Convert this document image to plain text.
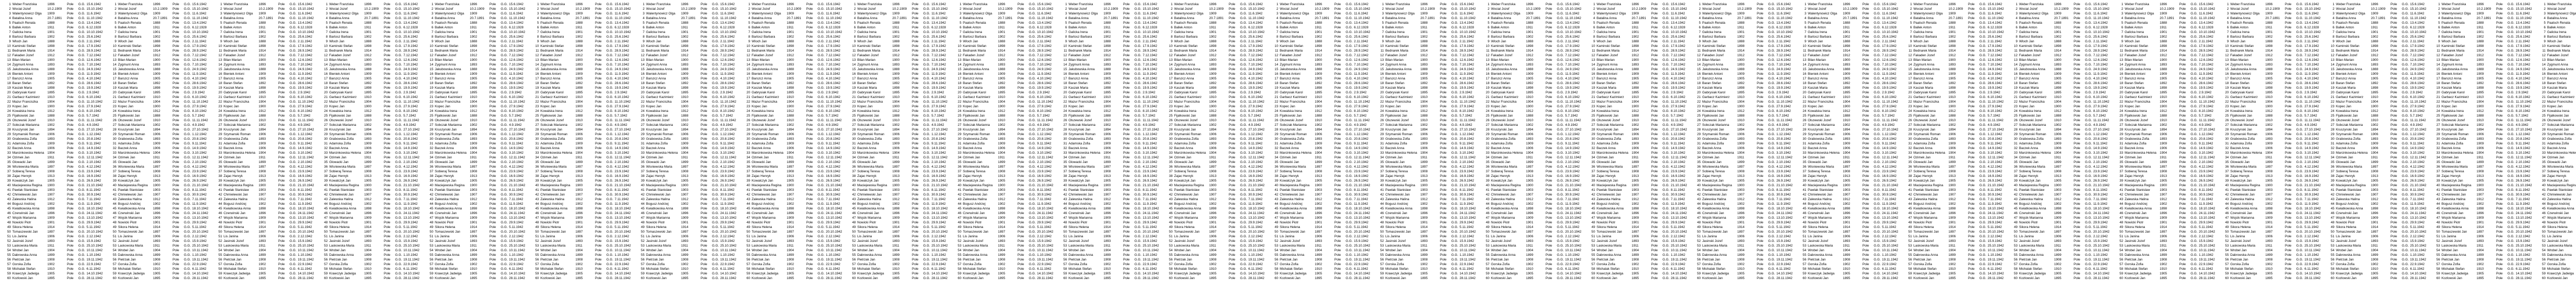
1 Weber Franziska	1896	Pole	G.G. 15.6.1942
2 Wocial Jozef	10.2.1909	Pole	G.G. 15.10.1942
3 Walentynowicz Olga	1909	Pole	G.G. 11.6.1942
4 Batalina Anna	20.7.1891	Pole	G.G. 11.10.1942
5 Paatsch Renata	1888	Pole	G.G. 13.4.1942
6 Ballek Anton	1911	Pole	G.G. 6.12.1928
7 Galicka Irena	1901	Pole	G.G. 10.10.1942
8 Bartosz Barbara	1902	Pole	G.G. 25.6.1942
9 Wloch Jan	1888	Pole	G.G. 2.11.1942
10 Kaminski Stefan	1898	Pole	G.G. 17.9.1942
11 Bednarek Maria	1914	Pole	G.G. 28.9.1942
12 Fakaden Jozef	1912	Pole	G.G. 7.12.1942
13 Bilan Marian	1900	Pole	G.G. 12.6.1942
14 Zygmunt Anna	1893	Pole	G.G. 7.10.1942
15 Jakubowska Anna	1888	Pole	G.G. 24.9.1942
16 Bieniek Antoni	1909	Pole	G.G. 11.9.1942
17 Barszcz Anna	1905	Pole	G.G. 4.10.1942
18 Baran Stefan	1892	Pole	G.G. 28.6.1942
19 Kaszak Maria	1898	Pole	G.G. 19.9.1942
20 Gabrysiak Karol	1895	Pole	G.G. 2.9.1942
21 Garbacz Kazimierz	1910	Pole	G.G. 6.10.1942
22 Mazur Franciszka	1904	Pole	G.G. 11.10.1942
23 Kopec Jan	1900	Pole	G.G. 27.9.1942
24 Kowalska Irena	1912	Pole	G.G. 8.10.1942
25 Fijalkowski Jan	1888	Pole	G.G. 5.7.1942
26 Olszewski Jozef	1910	Pole	G.G. 11.11.1942
27 Sobczak Marianna	1902	Pole	G.G. 4.9.1942
28 Kruszynski Jan	1894	Pole	G.G. 27.10.1942
29 Szymanski Roman	1906	Pole	G.G. 1.12.1942
30 Grabowska Zofia	1893	Pole	G.G. 20.8.1942
31 Adamska Zofia	1909	Pole	G.G. 9.11.1942
32 Baczek Anna	1906	Pole	G.G. 14.9.1942
33 Marcinkowska Helena	1904	Pole	G.G. 3.10.1942
34 Ozimek Jan	1911	Pole	G.G. 12.11.1942
35 Glowacki Jan	1899	Pole	G.G. 2.10.1942
36 Wisniewska Maria	1897	Pole	G.G. 4.12.1942
37 Sobieraj Teresa	1908	Pole	G.G. 23.9.1942
38 Zajac Henryk	1913	Pole	G.G. 16.9.1942
39 Kowalczyk Jan	1905	Pole	G.G. 26.9.1942
40 Maciejewska Regina	1900	Pole	G.G. 21.10.1942
41 Pawlak Stanislaw	1903	Pole	G.G. 8.11.1942
42 Chmielewski Jan	1907	Pole	G.G. 30.9.1942
43 Zalewska Halina	1912	Pole	G.G. 7.11.1942
44 Bogusz Andrzej	1902	Pole	G.G. 11.9.1942
45 Kwiatkowska Anna	1898	Pole	G.G. 18.10.1942
46 Czerwinski Jan	1896	Pole	G.G. 24.11.1942
47 Wojcik Marianna	1909	Pole	G.G. 13.10.1942
48 Nowicki Piotr	1901	Pole	G.G. 29.9.1942
49 Sikora Helena	1914	Pole	G.G. 5.11.1942
50 Tomaszewski Jan	1897	Pole	G.G. 20.10.1942
51 Lis Janina	1906	Pole	G.G. 2.12.1942
52 Jasinski Jozef	1893	Pole	G.G. 15.9.1942
53 Laskowska Maria	1911	Pole	G.G. 25.10.1942
54 Wrobel Jan	1904	Pole	G.G. 10.11.1942
55 Dabrowska Anna	1899	Pole	G.G. 1.10.1942
56 Pietrzak Jan	1908	Pole	G.G. 19.11.1942
57 Gorska Zofia	1902	Pole	G.G. 22.9.1942
58 Michalak Stefan	1910	Pole	G.G. 6.11.1942
59 Krawczyk Jadwiga	1905	Pole	G.G. 14.10.1942
60 Kozlowski Jan	1895	Pole	G.G. 28.11.1942
1 Weber Franziska	1896	Pole	G.G. 15.6.1942
2 Wocial Jozef	10.2.1909	Pole	G.G. 15.10.1942
3 Walentynowicz Olga	1909	Pole	G.G. 11.6.1942
4 Batalina Anna	20.7.1891	Pole	G.G. 11.10.1942
5 Paatsch Renata	1888	Pole	G.G. 13.4.1942
6 Ballek Anton	1911	Pole	G.G. 6.12.1928
7 Galicka Irena	1901	Pole	G.G. 10.10.1942
8 Bartosz Barbara	1902	Pole	G.G. 25.6.1942
9 Wloch Jan	1888	Pole	G.G. 2.11.1942
10 Kaminski Stefan	1898	Pole	G.G. 17.9.1942
11 Bednarek Maria	1914	Pole	G.G. 28.9.1942
12 Fakaden Jozef	1912	Pole	G.G. 7.12.1942
13 Bilan Marian	1900	Pole	G.G. 12.6.1942
14 Zygmunt Anna	1893	Pole	G.G. 7.10.1942
15 Jakubowska Anna	1888	Pole	G.G. 24.9.1942
16 Bieniek Antoni	1909	Pole	G.G. 11.9.1942
17 Barszcz Anna	1905	Pole	G.G. 4.10.1942
18 Baran Stefan	1892	Pole	G.G. 28.6.1942
19 Kaszak Maria	1898	Pole	G.G. 19.9.1942
20 Gabrysiak Karol	1895	Pole	G.G. 2.9.1942
21 Garbacz Kazimierz	1910	Pole	G.G. 6.10.1942
22 Mazur Franciszka	1904	Pole	G.G. 11.10.1942
23 Kopec Jan	1900	Pole	G.G. 27.9.1942
24 Kowalska Irena	1912	Pole	G.G. 8.10.1942
25 Fijalkowski Jan	1888	Pole	G.G. 5.7.1942
26 Olszewski Jozef	1910	Pole	G.G. 11.11.1942
27 Sobczak Marianna	1902	Pole	G.G. 4.9.1942
28 Kruszynski Jan	1894	Pole	G.G. 27.10.1942
29 Szymanski Roman	1906	Pole	G.G. 1.12.1942
30 Grabowska Zofia	1893	Pole	G.G. 20.8.1942
31 Adamska Zofia	1909	Pole	G.G. 9.11.1942
32 Baczek Anna	1906	Pole	G.G. 14.9.1942
33 Marcinkowska Helena	1904	Pole	G.G. 3.10.1942
34 Ozimek Jan	1911	Pole	G.G. 12.11.1942
35 Glowacki Jan	1899	Pole	G.G. 2.10.1942
36 Wisniewska Maria	1897	Pole	G.G. 4.12.1942
37 Sobieraj Teresa	1908	Pole	G.G. 23.9.1942
38 Zajac Henryk	1913	Pole	G.G. 16.9.1942
39 Kowalczyk Jan	1905	Pole	G.G. 26.9.1942
40 Maciejewska Regina	1900	Pole	G.G. 21.10.1942
41 Pawlak Stanislaw	1903	Pole	G.G. 8.11.1942
42 Chmielewski Jan	1907	Pole	G.G. 30.9.1942
43 Zalewska Halina	1912	Pole	G.G. 7.11.1942
44 Bogusz Andrzej	1902	Pole	G.G. 11.9.1942
45 Kwiatkowska Anna	1898	Pole	G.G. 18.10.1942
46 Czerwinski Jan	1896	Pole	G.G. 24.11.1942
47 Wojcik Marianna	1909	Pole	G.G. 13.10.1942
48 Nowicki Piotr	1901	Pole	G.G. 29.9.1942
49 Sikora Helena	1914	Pole	G.G. 5.11.1942
50 Tomaszewski Jan	1897	Pole	G.G. 20.10.1942
51 Lis Janina	1906	Pole	G.G. 2.12.1942
52 Jasinski Jozef	1893	Pole	G.G. 15.9.1942
53 Laskowska Maria	1911	Pole	G.G. 25.10.1942
54 Wrobel Jan	1904	Pole	G.G. 10.11.1942
55 Dabrowska Anna	1899	Pole	G.G. 1.10.1942
56 Pietrzak Jan	1908	Pole	G.G. 19.11.1942
57 Gorska Zofia	1902	Pole	G.G. 22.9.1942
58 Michalak Stefan	1910	Pole	G.G. 6.11.1942
59 Krawczyk Jadwiga	1905	Pole	G.G. 14.10.1942
60 Kozlowski Jan	1895	Pole	G.G. 28.11.1942
1 Weber Franziska	1896	Pole	G.G. 15.6.1942
2 Wocial Jozef	10.2.1909	Pole	G.G. 15.10.1942
3 Walentynowicz Olga	1909	Pole	G.G. 11.6.1942
4 Batalina Anna	20.7.1891	Pole	G.G. 11.10.1942
5 Paatsch Renata	1888	Pole	G.G. 13.4.1942
6 Ballek Anton	1911	Pole	G.G. 6.12.1928
7 Galicka Irena	1901	Pole	G.G. 10.10.1942
8 Bartosz Barbara	1902	Pole	G.G. 25.6.1942
9 Wloch Jan	1888	Pole	G.G. 2.11.1942
10 Kaminski Stefan	1898	Pole	G.G. 17.9.1942
11 Bednarek Maria	1914	Pole	G.G. 28.9.1942
12 Fakaden Jozef	1912	Pole	G.G. 7.12.1942
13 Bilan Marian	1900	Pole	G.G. 12.6.1942
14 Zygmunt Anna	1893	Pole	G.G. 7.10.1942
15 Jakubowska Anna	1888	Pole	G.G. 24.9.1942
16 Bieniek Antoni	1909	Pole	G.G. 11.9.1942
17 Barszcz Anna	1905	Pole	G.G. 4.10.1942
18 Baran Stefan	1892	Pole	G.G. 28.6.1942
19 Kaszak Maria	1898	Pole	G.G. 19.9.1942
20 Gabrysiak Karol	1895	Pole	G.G. 2.9.1942
21 Garbacz Kazimierz	1910	Pole	G.G. 6.10.1942
22 Mazur Franciszka	1904	Pole	G.G. 11.10.1942
23 Kopec Jan	1900	Pole	G.G. 27.9.1942
24 Kowalska Irena	1912	Pole	G.G. 8.10.1942
25 Fijalkowski Jan	1888	Pole	G.G. 5.7.1942
26 Olszewski Jozef	1910	Pole	G.G. 11.11.1942
27 Sobczak Marianna	1902	Pole	G.G. 4.9.1942
28 Kruszynski Jan	1894	Pole	G.G. 27.10.1942
29 Szymanski Roman	1906	Pole	G.G. 1.12.1942
30 Grabowska Zofia	1893	Pole	G.G. 20.8.1942
31 Adamska Zofia	1909	Pole	G.G. 9.11.1942
32 Baczek Anna	1906	Pole	G.G. 14.9.1942
33 Marcinkowska Helena	1904	Pole	G.G. 3.10.1942
34 Ozimek Jan	1911	Pole	G.G. 12.11.1942
35 Glowacki Jan	1899	Pole	G.G. 2.10.1942
36 Wisniewska Maria	1897	Pole	G.G. 4.12.1942
37 Sobieraj Teresa	1908	Pole	G.G. 23.9.1942
38 Zajac Henryk	1913	Pole	G.G. 16.9.1942
39 Kowalczyk Jan	1905	Pole	G.G. 26.9.1942
40 Maciejewska Regina	1900	Pole	G.G. 21.10.1942
41 Pawlak Stanislaw	1903	Pole	G.G. 8.11.1942
42 Chmielewski Jan	1907	Pole	G.G. 30.9.1942
43 Zalewska Halina	1912	Pole	G.G. 7.11.1942
44 Bogusz Andrzej	1902	Pole	G.G. 11.9.1942
45 Kwiatkowska Anna	1898	Pole	G.G. 18.10.1942
46 Czerwinski Jan	1896	Pole	G.G. 24.11.1942
47 Wojcik Marianna	1909	Pole	G.G. 13.10.1942
48 Nowicki Piotr	1901	Pole	G.G. 29.9.1942
49 Sikora Helena	1914	Pole	G.G. 5.11.1942
50 Tomaszewski Jan	1897	Pole	G.G. 20.10.1942
51 Lis Janina	1906	Pole	G.G. 2.12.1942
52 Jasinski Jozef	1893	Pole	G.G. 15.9.1942
53 Laskowska Maria	1911	Pole	G.G. 25.10.1942
54 Wrobel Jan	1904	Pole	G.G. 10.11.1942
55 Dabrowska Anna	1899	Pole	G.G. 1.10.1942
56 Pietrzak Jan	1908	Pole	G.G. 19.11.1942
57 Gorska Zofia	1902	Pole	G.G. 22.9.1942
58 Michalak Stefan	1910	Pole	G.G. 6.11.1942
59 Krawczyk Jadwiga	1905	Pole	G.G. 14.10.1942
60 Kozlowski Jan	1895	Pole	G.G. 28.11.1942
1 Weber Franziska	1896	Pole	G.G. 15.6.1942
2 Wocial Jozef	10.2.1909	Pole	G.G. 15.10.1942
3 Walentynowicz Olga	1909	Pole	G.G. 11.6.1942
4 Batalina Anna	20.7.1891	Pole	G.G. 11.10.1942
5 Paatsch Renata	1888	Pole	G.G. 13.4.1942
6 Ballek Anton	1911	Pole	G.G. 6.12.1928
7 Galicka Irena	1901	Pole	G.G. 10.10.1942
8 Bartosz Barbara	1902	Pole	G.G. 25.6.1942
9 Wloch Jan	1888	Pole	G.G. 2.11.1942
10 Kaminski Stefan	1898	Pole	G.G. 17.9.1942
11 Bednarek Maria	1914	Pole	G.G. 28.9.1942
12 Fakaden Jozef	1912	Pole	G.G. 7.12.1942
13 Bilan Marian	1900	Pole	G.G. 12.6.1942
14 Zygmunt Anna	1893	Pole	G.G. 7.10.1942
15 Jakubowska Anna	1888	Pole	G.G. 24.9.1942
16 Bieniek Antoni	1909	Pole	G.G. 11.9.1942
17 Barszcz Anna	1905	Pole	G.G. 4.10.1942
18 Baran Stefan	1892	Pole	G.G. 28.6.1942
19 Kaszak Maria	1898	Pole	G.G. 19.9.1942
20 Gabrysiak Karol	1895	Pole	G.G. 2.9.1942
21 Garbacz Kazimierz	1910	Pole	G.G. 6.10.1942
22 Mazur Franciszka	1904	Pole	G.G. 11.10.1942
23 Kopec Jan	1900	Pole	G.G. 27.9.1942
24 Kowalska Irena	1912	Pole	G.G. 8.10.1942
25 Fijalkowski Jan	1888	Pole	G.G. 5.7.1942
26 Olszewski Jozef	1910	Pole	G.G. 11.11.1942
27 Sobczak Marianna	1902	Pole	G.G. 4.9.1942
28 Kruszynski Jan	1894	Pole	G.G. 27.10.1942
29 Szymanski Roman	1906	Pole	G.G. 1.12.1942
30 Grabowska Zofia	1893	Pole	G.G. 20.8.1942
31 Adamska Zofia	1909	Pole	G.G. 9.11.1942
32 Baczek Anna	1906	Pole	G.G. 14.9.1942
33 Marcinkowska Helena	1904	Pole	G.G. 3.10.1942
34 Ozimek Jan	1911	Pole	G.G. 12.11.1942
35 Glowacki Jan	1899	Pole	G.G. 2.10.1942
36 Wisniewska Maria	1897	Pole	G.G. 4.12.1942
37 Sobieraj Teresa	1908	Pole	G.G. 23.9.1942
38 Zajac Henryk	1913	Pole	G.G. 16.9.1942
39 Kowalczyk Jan	1905	Pole	G.G. 26.9.1942
40 Maciejewska Regina	1900	Pole	G.G. 21.10.1942
41 Pawlak Stanislaw	1903	Pole	G.G. 8.11.1942
42 Chmielewski Jan	1907	Pole	G.G. 30.9.1942
43 Zalewska Halina	1912	Pole	G.G. 7.11.1942
44 Bogusz Andrzej	1902	Pole	G.G. 11.9.1942
45 Kwiatkowska Anna	1898	Pole	G.G. 18.10.1942
46 Czerwinski Jan	1896	Pole	G.G. 24.11.1942
47 Wojcik Marianna	1909	Pole	G.G. 13.10.1942
48 Nowicki Piotr	1901	Pole	G.G. 29.9.1942
49 Sikora Helena	1914	Pole	G.G. 5.11.1942
50 Tomaszewski Jan	1897	Pole	G.G. 20.10.1942
51 Lis Janina	1906	Pole	G.G. 2.12.1942
52 Jasinski Jozef	1893	Pole	G.G. 15.9.1942
53 Laskowska Maria	1911	Pole	G.G. 25.10.1942
54 Wrobel Jan	1904	Pole	G.G. 10.11.1942
55 Dabrowska Anna	1899	Pole	G.G. 1.10.1942
56 Pietrzak Jan	1908	Pole	G.G. 19.11.1942
57 Gorska Zofia	1902	Pole	G.G. 22.9.1942
58 Michalak Stefan	1910	Pole	G.G. 6.11.1942
59 Krawczyk Jadwiga	1905	Pole	G.G. 14.10.1942
60 Kozlowski Jan	1895	Pole	G.G. 28.11.1942
1 Weber Franziska	1896	Pole	G.G. 15.6.1942
2 Wocial Jozef	10.2.1909	Pole	G.G. 15.10.1942
3 Walentynowicz Olga	1909	Pole	G.G. 11.6.1942
4 Batalina Anna	20.7.1891	Pole	G.G. 11.10.1942
5 Paatsch Renata	1888	Pole	G.G. 13.4.1942
6 Ballek Anton	1911	Pole	G.G. 6.12.1928
7 Galicka Irena	1901	Pole	G.G. 10.10.1942
8 Bartosz Barbara	1902	Pole	G.G. 25.6.1942
9 Wloch Jan	1888	Pole	G.G. 2.11.1942
10 Kaminski Stefan	1898	Pole	G.G. 17.9.1942
11 Bednarek Maria	1914	Pole	G.G. 28.9.1942
12 Fakaden Jozef	1912	Pole	G.G. 7.12.1942
13 Bilan Marian	1900	Pole	G.G. 12.6.1942
14 Zygmunt Anna	1893	Pole	G.G. 7.10.1942
15 Jakubowska Anna	1888	Pole	G.G. 24.9.1942
16 Bieniek Antoni	1909	Pole	G.G. 11.9.1942
17 Barszcz Anna	1905	Pole	G.G. 4.10.1942
18 Baran Stefan	1892	Pole	G.G. 28.6.1942
19 Kaszak Maria	1898	Pole	G.G. 19.9.1942
20 Gabrysiak Karol	1895	Pole	G.G. 2.9.1942
21 Garbacz Kazimierz	1910	Pole	G.G. 6.10.1942
22 Mazur Franciszka	1904	Pole	G.G. 11.10.1942
23 Kopec Jan	1900	Pole	G.G. 27.9.1942
24 Kowalska Irena	1912	Pole	G.G. 8.10.1942
25 Fijalkowski Jan	1888	Pole	G.G. 5.7.1942
26 Olszewski Jozef	1910	Pole	G.G. 11.11.1942
27 Sobczak Marianna	1902	Pole	G.G. 4.9.1942
28 Kruszynski Jan	1894	Pole	G.G. 27.10.1942
29 Szymanski Roman	1906	Pole	G.G. 1.12.1942
30 Grabowska Zofia	1893	Pole	G.G. 20.8.1942
31 Adamska Zofia	1909	Pole	G.G. 9.11.1942
32 Baczek Anna	1906	Pole	G.G. 14.9.1942
33 Marcinkowska Helena	1904	Pole	G.G. 3.10.1942
34 Ozimek Jan	1911	Pole	G.G. 12.11.1942
35 Glowacki Jan	1899	Pole	G.G. 2.10.1942
36 Wisniewska Maria	1897	Pole	G.G. 4.12.1942
37 Sobieraj Teresa	1908	Pole	G.G. 23.9.1942
38 Zajac Henryk	1913	Pole	G.G. 16.9.1942
39 Kowalczyk Jan	1905	Pole	G.G. 26.9.1942
40 Maciejewska Regina	1900	Pole	G.G. 21.10.1942
41 Pawlak Stanislaw	1903	Pole	G.G. 8.11.1942
42 Chmielewski Jan	1907	Pole	G.G. 30.9.1942
43 Zalewska Halina	1912	Pole	G.G. 7.11.1942
44 Bogusz Andrzej	1902	Pole	G.G. 11.9.1942
45 Kwiatkowska Anna	1898	Pole	G.G. 18.10.1942
46 Czerwinski Jan	1896	Pole	G.G. 24.11.1942
47 Wojcik Marianna	1909	Pole	G.G. 13.10.1942
48 Nowicki Piotr	1901	Pole	G.G. 29.9.1942
49 Sikora Helena	1914	Pole	G.G. 5.11.1942
50 Tomaszewski Jan	1897	Pole	G.G. 20.10.1942
51 Lis Janina	1906	Pole	G.G. 2.12.1942
52 Jasinski Jozef	1893	Pole	G.G. 15.9.1942
53 Laskowska Maria	1911	Pole	G.G. 25.10.1942
54 Wrobel Jan	1904	Pole	G.G. 10.11.1942
55 Dabrowska Anna	1899	Pole	G.G. 1.10.1942
56 Pietrzak Jan	1908	Pole	G.G. 19.11.1942
57 Gorska Zofia	1902	Pole	G.G. 22.9.1942
58 Michalak Stefan	1910	Pole	G.G. 6.11.1942
59 Krawczyk Jadwiga	1905	Pole	G.G. 14.10.1942
60 Kozlowski Jan	1895	Pole	G.G. 28.11.1942
1 Weber Franziska	1896	Pole	G.G. 15.6.1942
2 Wocial Jozef	10.2.1909	Pole	G.G. 15.10.1942
3 Walentynowicz Olga	1909	Pole	G.G. 11.6.1942
4 Batalina Anna	20.7.1891	Pole	G.G. 11.10.1942
5 Paatsch Renata	1888	Pole	G.G. 13.4.1942
6 Ballek Anton	1911	Pole	G.G. 6.12.1928
7 Galicka Irena	1901	Pole	G.G. 10.10.1942
8 Bartosz Barbara	1902	Pole	G.G. 25.6.1942
9 Wloch Jan	1888	Pole	G.G. 2.11.1942
10 Kaminski Stefan	1898	Pole	G.G. 17.9.1942
11 Bednarek Maria	1914	Pole	G.G. 28.9.1942
12 Fakaden Jozef	1912	Pole	G.G. 7.12.1942
13 Bilan Marian	1900	Pole	G.G. 12.6.1942
14 Zygmunt Anna	1893	Pole	G.G. 7.10.1942
15 Jakubowska Anna	1888	Pole	G.G. 24.9.1942
16 Bieniek Antoni	1909	Pole	G.G. 11.9.1942
17 Barszcz Anna	1905	Pole	G.G. 4.10.1942
18 Baran Stefan	1892	Pole	G.G. 28.6.1942
19 Kaszak Maria	1898	Pole	G.G. 19.9.1942
20 Gabrysiak Karol	1895	Pole	G.G. 2.9.1942
21 Garbacz Kazimierz	1910	Pole	G.G. 6.10.1942
22 Mazur Franciszka	1904	Pole	G.G. 11.10.1942
23 Kopec Jan	1900	Pole	G.G. 27.9.1942
24 Kowalska Irena	1912	Pole	G.G. 8.10.1942
25 Fijalkowski Jan	1888	Pole	G.G. 5.7.1942
26 Olszewski Jozef	1910	Pole	G.G. 11.11.1942
27 Sobczak Marianna	1902	Pole	G.G. 4.9.1942
28 Kruszynski Jan	1894	Pole	G.G. 27.10.1942
29 Szymanski Roman	1906	Pole	G.G. 1.12.1942
30 Grabowska Zofia	1893	Pole	G.G. 20.8.1942
31 Adamska Zofia	1909	Pole	G.G. 9.11.1942
32 Baczek Anna	1906	Pole	G.G. 14.9.1942
33 Marcinkowska Helena	1904	Pole	G.G. 3.10.1942
34 Ozimek Jan	1911	Pole	G.G. 12.11.1942
35 Glowacki Jan	1899	Pole	G.G. 2.10.1942
36 Wisniewska Maria	1897	Pole	G.G. 4.12.1942
37 Sobieraj Teresa	1908	Pole	G.G. 23.9.1942
38 Zajac Henryk	1913	Pole	G.G. 16.9.1942
39 Kowalczyk Jan	1905	Pole	G.G. 26.9.1942
40 Maciejewska Regina	1900	Pole	G.G. 21.10.1942
41 Pawlak Stanislaw	1903	Pole	G.G. 8.11.1942
42 Chmielewski Jan	1907	Pole	G.G. 30.9.1942
43 Zalewska Halina	1912	Pole	G.G. 7.11.1942
44 Bogusz Andrzej	1902	Pole	G.G. 11.9.1942
45 Kwiatkowska Anna	1898	Pole	G.G. 18.10.1942
46 Czerwinski Jan	1896	Pole	G.G. 24.11.1942
47 Wojcik Marianna	1909	Pole	G.G. 13.10.1942
48 Nowicki Piotr	1901	Pole	G.G. 29.9.1942
49 Sikora Helena	1914	Pole	G.G. 5.11.1942
50 Tomaszewski Jan	1897	Pole	G.G. 20.10.1942
51 Lis Janina	1906	Pole	G.G. 2.12.1942
52 Jasinski Jozef	1893	Pole	G.G. 15.9.1942
53 Laskowska Maria	1911	Pole	G.G. 25.10.1942
54 Wrobel Jan	1904	Pole	G.G. 10.11.1942
55 Dabrowska Anna	1899	Pole	G.G. 1.10.1942
56 Pietrzak Jan	1908	Pole	G.G. 19.11.1942
57 Gorska Zofia	1902	Pole	G.G. 22.9.1942
58 Michalak Stefan	1910	Pole	G.G. 6.11.1942
59 Krawczyk Jadwiga	1905	Pole	G.G. 14.10.1942
60 Kozlowski Jan	1895	Pole	G.G. 28.11.1942
1 Weber Franziska	1896	Pole	G.G. 15.6.1942
2 Wocial Jozef	10.2.1909	Pole	G.G. 15.10.1942
3 Walentynowicz Olga	1909	Pole	G.G. 11.6.1942
4 Batalina Anna	20.7.1891	Pole	G.G. 11.10.1942
5 Paatsch Renata	1888	Pole	G.G. 13.4.1942
6 Ballek Anton	1911	Pole	G.G. 6.12.1928
7 Galicka Irena	1901	Pole	G.G. 10.10.1942
8 Bartosz Barbara	1902	Pole	G.G. 25.6.1942
9 Wloch Jan	1888	Pole	G.G. 2.11.1942
10 Kaminski Stefan	1898	Pole	G.G. 17.9.1942
11 Bednarek Maria	1914	Pole	G.G. 28.9.1942
12 Fakaden Jozef	1912	Pole	G.G. 7.12.1942
13 Bilan Marian	1900	Pole	G.G. 12.6.1942
14 Zygmunt Anna	1893	Pole	G.G. 7.10.1942
15 Jakubowska Anna	1888	Pole	G.G. 24.9.1942
16 Bieniek Antoni	1909	Pole	G.G. 11.9.1942
17 Barszcz Anna	1905	Pole	G.G. 4.10.1942
18 Baran Stefan	1892	Pole	G.G. 28.6.1942
19 Kaszak Maria	1898	Pole	G.G. 19.9.1942
20 Gabrysiak Karol	1895	Pole	G.G. 2.9.1942
21 Garbacz Kazimierz	1910	Pole	G.G. 6.10.1942
22 Mazur Franciszka	1904	Pole	G.G. 11.10.1942
23 Kopec Jan	1900	Pole	G.G. 27.9.1942
24 Kowalska Irena	1912	Pole	G.G. 8.10.1942
25 Fijalkowski Jan	1888	Pole	G.G. 5.7.1942
26 Olszewski Jozef	1910	Pole	G.G. 11.11.1942
27 Sobczak Marianna	1902	Pole	G.G. 4.9.1942
28 Kruszynski Jan	1894	Pole	G.G. 27.10.1942
29 Szymanski Roman	1906	Pole	G.G. 1.12.1942
30 Grabowska Zofia	1893	Pole	G.G. 20.8.1942
31 Adamska Zofia	1909	Pole	G.G. 9.11.1942
32 Baczek Anna	1906	Pole	G.G. 14.9.1942
33 Marcinkowska Helena	1904	Pole	G.G. 3.10.1942
34 Ozimek Jan	1911	Pole	G.G. 12.11.1942
35 Glowacki Jan	1899	Pole	G.G. 2.10.1942
36 Wisniewska Maria	1897	Pole	G.G. 4.12.1942
37 Sobieraj Teresa	1908	Pole	G.G. 23.9.1942
38 Zajac Henryk	1913	Pole	G.G. 16.9.1942
39 Kowalczyk Jan	1905	Pole	G.G. 26.9.1942
40 Maciejewska Regina	1900	Pole	G.G. 21.10.1942
41 Pawlak Stanislaw	1903	Pole	G.G. 8.11.1942
42 Chmielewski Jan	1907	Pole	G.G. 30.9.1942
43 Zalewska Halina	1912	Pole	G.G. 7.11.1942
44 Bogusz Andrzej	1902	Pole	G.G. 11.9.1942
45 Kwiatkowska Anna	1898	Pole	G.G. 18.10.1942
46 Czerwinski Jan	1896	Pole	G.G. 24.11.1942
47 Wojcik Marianna	1909	Pole	G.G. 13.10.1942
48 Nowicki Piotr	1901	Pole	G.G. 29.9.1942
49 Sikora Helena	1914	Pole	G.G. 5.11.1942
50 Tomaszewski Jan	1897	Pole	G.G. 20.10.1942
51 Lis Janina	1906	Pole	G.G. 2.12.1942
52 Jasinski Jozef	1893	Pole	G.G. 15.9.1942
53 Laskowska Maria	1911	Pole	G.G. 25.10.1942
54 Wrobel Jan	1904	Pole	G.G. 10.11.1942
55 Dabrowska Anna	1899	Pole	G.G. 1.10.1942
56 Pietrzak Jan	1908	Pole	G.G. 19.11.1942
57 Gorska Zofia	1902	Pole	G.G. 22.9.1942
58 Michalak Stefan	1910	Pole	G.G. 6.11.1942
59 Krawczyk Jadwiga	1905	Pole	G.G. 14.10.1942
60 Kozlowski Jan	1895	Pole	G.G. 28.11.1942
1 Weber Franziska	1896	Pole	G.G. 15.6.1942
2 Wocial Jozef	10.2.1909	Pole	G.G. 15.10.1942
3 Walentynowicz Olga	1909	Pole	G.G. 11.6.1942
4 Batalina Anna	20.7.1891	Pole	G.G. 11.10.1942
5 Paatsch Renata	1888	Pole	G.G. 13.4.1942
6 Ballek Anton	1911	Pole	G.G. 6.12.1928
7 Galicka Irena	1901	Pole	G.G. 10.10.1942
8 Bartosz Barbara	1902	Pole	G.G. 25.6.1942
9 Wloch Jan	1888	Pole	G.G. 2.11.1942
10 Kaminski Stefan	1898	Pole	G.G. 17.9.1942
11 Bednarek Maria	1914	Pole	G.G. 28.9.1942
12 Fakaden Jozef	1912	Pole	G.G. 7.12.1942
13 Bilan Marian	1900	Pole	G.G. 12.6.1942
14 Zygmunt Anna	1893	Pole	G.G. 7.10.1942
15 Jakubowska Anna	1888	Pole	G.G. 24.9.1942
16 Bieniek Antoni	1909	Pole	G.G. 11.9.1942
17 Barszcz Anna	1905	Pole	G.G. 4.10.1942
18 Baran Stefan	1892	Pole	G.G. 28.6.1942
19 Kaszak Maria	1898	Pole	G.G. 19.9.1942
20 Gabrysiak Karol	1895	Pole	G.G. 2.9.1942
21 Garbacz Kazimierz	1910	Pole	G.G. 6.10.1942
22 Mazur Franciszka	1904	Pole	G.G. 11.10.1942
23 Kopec Jan	1900	Pole	G.G. 27.9.1942
24 Kowalska Irena	1912	Pole	G.G. 8.10.1942
25 Fijalkowski Jan	1888	Pole	G.G. 5.7.1942
26 Olszewski Jozef	1910	Pole	G.G. 11.11.1942
27 Sobczak Marianna	1902	Pole	G.G. 4.9.1942
28 Kruszynski Jan	1894	Pole	G.G. 27.10.1942
29 Szymanski Roman	1906	Pole	G.G. 1.12.1942
30 Grabowska Zofia	1893	Pole	G.G. 20.8.1942
31 Adamska Zofia	1909	Pole	G.G. 9.11.1942
32 Baczek Anna	1906	Pole	G.G. 14.9.1942
33 Marcinkowska Helena	1904	Pole	G.G. 3.10.1942
34 Ozimek Jan	1911	Pole	G.G. 12.11.1942
35 Glowacki Jan	1899	Pole	G.G. 2.10.1942
36 Wisniewska Maria	1897	Pole	G.G. 4.12.1942
37 Sobieraj Teresa	1908	Pole	G.G. 23.9.1942
38 Zajac Henryk	1913	Pole	G.G. 16.9.1942
39 Kowalczyk Jan	1905	Pole	G.G. 26.9.1942
40 Maciejewska Regina	1900	Pole	G.G. 21.10.1942
41 Pawlak Stanislaw	1903	Pole	G.G. 8.11.1942
42 Chmielewski Jan	1907	Pole	G.G. 30.9.1942
43 Zalewska Halina	1912	Pole	G.G. 7.11.1942
44 Bogusz Andrzej	1902	Pole	G.G. 11.9.1942
45 Kwiatkowska Anna	1898	Pole	G.G. 18.10.1942
46 Czerwinski Jan	1896	Pole	G.G. 24.11.1942
47 Wojcik Marianna	1909	Pole	G.G. 13.10.1942
48 Nowicki Piotr	1901	Pole	G.G. 29.9.1942
49 Sikora Helena	1914	Pole	G.G. 5.11.1942
50 Tomaszewski Jan	1897	Pole	G.G. 20.10.1942
51 Lis Janina	1906	Pole	G.G. 2.12.1942
52 Jasinski Jozef	1893	Pole	G.G. 15.9.1942
53 Laskowska Maria	1911	Pole	G.G. 25.10.1942
54 Wrobel Jan	1904	Pole	G.G. 10.11.1942
55 Dabrowska Anna	1899	Pole	G.G. 1.10.1942
56 Pietrzak Jan	1908	Pole	G.G. 19.11.1942
57 Gorska Zofia	1902	Pole	G.G. 22.9.1942
58 Michalak Stefan	1910	Pole	G.G. 6.11.1942
59 Krawczyk Jadwiga	1905	Pole	G.G. 14.10.1942
60 Kozlowski Jan	1895	Pole	G.G. 28.11.1942
1 Weber Franziska	1896	Pole	G.G. 15.6.1942
2 Wocial Jozef	10.2.1909	Pole	G.G. 15.10.1942
3 Walentynowicz Olga	1909	Pole	G.G. 11.6.1942
4 Batalina Anna	20.7.1891	Pole	G.G. 11.10.1942
5 Paatsch Renata	1888	Pole	G.G. 13.4.1942
6 Ballek Anton	1911	Pole	G.G. 6.12.1928
7 Galicka Irena	1901	Pole	G.G. 10.10.1942
8 Bartosz Barbara	1902	Pole	G.G. 25.6.1942
9 Wloch Jan	1888	Pole	G.G. 2.11.1942
10 Kaminski Stefan	1898	Pole	G.G. 17.9.1942
11 Bednarek Maria	1914	Pole	G.G. 28.9.1942
12 Fakaden Jozef	1912	Pole	G.G. 7.12.1942
13 Bilan Marian	1900	Pole	G.G. 12.6.1942
14 Zygmunt Anna	1893	Pole	G.G. 7.10.1942
15 Jakubowska Anna	1888	Pole	G.G. 24.9.1942
16 Bieniek Antoni	1909	Pole	G.G. 11.9.1942
17 Barszcz Anna	1905	Pole	G.G. 4.10.1942
18 Baran Stefan	1892	Pole	G.G. 28.6.1942
19 Kaszak Maria	1898	Pole	G.G. 19.9.1942
20 Gabrysiak Karol	1895	Pole	G.G. 2.9.1942
21 Garbacz Kazimierz	1910	Pole	G.G. 6.10.1942
22 Mazur Franciszka	1904	Pole	G.G. 11.10.1942
23 Kopec Jan	1900	Pole	G.G. 27.9.1942
24 Kowalska Irena	1912	Pole	G.G. 8.10.1942
25 Fijalkowski Jan	1888	Pole	G.G. 5.7.1942
26 Olszewski Jozef	1910	Pole	G.G. 11.11.1942
27 Sobczak Marianna	1902	Pole	G.G. 4.9.1942
28 Kruszynski Jan	1894	Pole	G.G. 27.10.1942
29 Szymanski Roman	1906	Pole	G.G. 1.12.1942
30 Grabowska Zofia	1893	Pole	G.G. 20.8.1942
31 Adamska Zofia	1909	Pole	G.G. 9.11.1942
32 Baczek Anna	1906	Pole	G.G. 14.9.1942
33 Marcinkowska Helena	1904	Pole	G.G. 3.10.1942
34 Ozimek Jan	1911	Pole	G.G. 12.11.1942
35 Glowacki Jan	1899	Pole	G.G. 2.10.1942
36 Wisniewska Maria	1897	Pole	G.G. 4.12.1942
37 Sobieraj Teresa	1908	Pole	G.G. 23.9.1942
38 Zajac Henryk	1913	Pole	G.G. 16.9.1942
39 Kowalczyk Jan	1905	Pole	G.G. 26.9.1942
40 Maciejewska Regina	1900	Pole	G.G. 21.10.1942
41 Pawlak Stanislaw	1903	Pole	G.G. 8.11.1942
42 Chmielewski Jan	1907	Pole	G.G. 30.9.1942
43 Zalewska Halina	1912	Pole	G.G. 7.11.1942
44 Bogusz Andrzej	1902	Pole	G.G. 11.9.1942
45 Kwiatkowska Anna	1898	Pole	G.G. 18.10.1942
46 Czerwinski Jan	1896	Pole	G.G. 24.11.1942
47 Wojcik Marianna	1909	Pole	G.G. 13.10.1942
48 Nowicki Piotr	1901	Pole	G.G. 29.9.1942
49 Sikora Helena	1914	Pole	G.G. 5.11.1942
50 Tomaszewski Jan	1897	Pole	G.G. 20.10.1942
51 Lis Janina	1906	Pole	G.G. 2.12.1942
52 Jasinski Jozef	1893	Pole	G.G. 15.9.1942
53 Laskowska Maria	1911	Pole	G.G. 25.10.1942
54 Wrobel Jan	1904	Pole	G.G. 10.11.1942
55 Dabrowska Anna	1899	Pole	G.G. 1.10.1942
56 Pietrzak Jan	1908	Pole	G.G. 19.11.1942
57 Gorska Zofia	1902	Pole	G.G. 22.9.1942
58 Michalak Stefan	1910	Pole	G.G. 6.11.1942
59 Krawczyk Jadwiga	1905	Pole	G.G. 14.10.1942
60 Kozlowski Jan	1895	Pole	G.G. 28.11.1942
1 Weber Franziska	1896	Pole	G.G. 15.6.1942
2 Wocial Jozef	10.2.1909	Pole	G.G. 15.10.1942
3 Walentynowicz Olga	1909	Pole	G.G. 11.6.1942
4 Batalina Anna	20.7.1891	Pole	G.G. 11.10.1942
5 Paatsch Renata	1888	Pole	G.G. 13.4.1942
6 Ballek Anton	1911	Pole	G.G. 6.12.1928
7 Galicka Irena	1901	Pole	G.G. 10.10.1942
8 Bartosz Barbara	1902	Pole	G.G. 25.6.1942
9 Wloch Jan	1888	Pole	G.G. 2.11.1942
10 Kaminski Stefan	1898	Pole	G.G. 17.9.1942
11 Bednarek Maria	1914	Pole	G.G. 28.9.1942
12 Fakaden Jozef	1912	Pole	G.G. 7.12.1942
13 Bilan Marian	1900	Pole	G.G. 12.6.1942
14 Zygmunt Anna	1893	Pole	G.G. 7.10.1942
15 Jakubowska Anna	1888	Pole	G.G. 24.9.1942
16 Bieniek Antoni	1909	Pole	G.G. 11.9.1942
17 Barszcz Anna	1905	Pole	G.G. 4.10.1942
18 Baran Stefan	1892	Pole	G.G. 28.6.1942
19 Kaszak Maria	1898	Pole	G.G. 19.9.1942
20 Gabrysiak Karol	1895	Pole	G.G. 2.9.1942
21 Garbacz Kazimierz	1910	Pole	G.G. 6.10.1942
22 Mazur Franciszka	1904	Pole	G.G. 11.10.1942
23 Kopec Jan	1900	Pole	G.G. 27.9.1942
24 Kowalska Irena	1912	Pole	G.G. 8.10.1942
25 Fijalkowski Jan	1888	Pole	G.G. 5.7.1942
26 Olszewski Jozef	1910	Pole	G.G. 11.11.1942
27 Sobczak Marianna	1902	Pole	G.G. 4.9.1942
28 Kruszynski Jan	1894	Pole	G.G. 27.10.1942
29 Szymanski Roman	1906	Pole	G.G. 1.12.1942
30 Grabowska Zofia	1893	Pole	G.G. 20.8.1942
31 Adamska Zofia	1909	Pole	G.G. 9.11.1942
32 Baczek Anna	1906	Pole	G.G. 14.9.1942
33 Marcinkowska Helena	1904	Pole	G.G. 3.10.1942
34 Ozimek Jan	1911	Pole	G.G. 12.11.1942
35 Glowacki Jan	1899	Pole	G.G. 2.10.1942
36 Wisniewska Maria	1897	Pole	G.G. 4.12.1942
37 Sobieraj Teresa	1908	Pole	G.G. 23.9.1942
38 Zajac Henryk	1913	Pole	G.G. 16.9.1942
39 Kowalczyk Jan	1905	Pole	G.G. 26.9.1942
40 Maciejewska Regina	1900	Pole	G.G. 21.10.1942
41 Pawlak Stanislaw	1903	Pole	G.G. 8.11.1942
42 Chmielewski Jan	1907	Pole	G.G. 30.9.1942
43 Zalewska Halina	1912	Pole	G.G. 7.11.1942
44 Bogusz Andrzej	1902	Pole	G.G. 11.9.1942
45 Kwiatkowska Anna	1898	Pole	G.G. 18.10.1942
46 Czerwinski Jan	1896	Pole	G.G. 24.11.1942
47 Wojcik Marianna	1909	Pole	G.G. 13.10.1942
48 Nowicki Piotr	1901	Pole	G.G. 29.9.1942
49 Sikora Helena	1914	Pole	G.G. 5.11.1942
50 Tomaszewski Jan	1897	Pole	G.G. 20.10.1942
51 Lis Janina	1906	Pole	G.G. 2.12.1942
52 Jasinski Jozef	1893	Pole	G.G. 15.9.1942
53 Laskowska Maria	1911	Pole	G.G. 25.10.1942
54 Wrobel Jan	1904	Pole	G.G. 10.11.1942
55 Dabrowska Anna	1899	Pole	G.G. 1.10.1942
56 Pietrzak Jan	1908	Pole	G.G. 19.11.1942
57 Gorska Zofia	1902	Pole	G.G. 22.9.1942
58 Michalak Stefan	1910	Pole	G.G. 6.11.1942
59 Krawczyk Jadwiga	1905	Pole	G.G. 14.10.1942
60 Kozlowski Jan	1895	Pole	G.G. 28.11.1942
1 Weber Franziska	1896	Pole	G.G. 15.6.1942
2 Wocial Jozef	10.2.1909	Pole	G.G. 15.10.1942
3 Walentynowicz Olga	1909	Pole	G.G. 11.6.1942
4 Batalina Anna	20.7.1891	Pole	G.G. 11.10.1942
5 Paatsch Renata	1888	Pole	G.G. 13.4.1942
6 Ballek Anton	1911	Pole	G.G. 6.12.1928
7 Galicka Irena	1901	Pole	G.G. 10.10.1942
8 Bartosz Barbara	1902	Pole	G.G. 25.6.1942
9 Wloch Jan	1888	Pole	G.G. 2.11.1942
10 Kaminski Stefan	1898	Pole	G.G. 17.9.1942
11 Bednarek Maria	1914	Pole	G.G. 28.9.1942
12 Fakaden Jozef	1912	Pole	G.G. 7.12.1942
13 Bilan Marian	1900	Pole	G.G. 12.6.1942
14 Zygmunt Anna	1893	Pole	G.G. 7.10.1942
15 Jakubowska Anna	1888	Pole	G.G. 24.9.1942
16 Bieniek Antoni	1909	Pole	G.G. 11.9.1942
17 Barszcz Anna	1905	Pole	G.G. 4.10.1942
18 Baran Stefan	1892	Pole	G.G. 28.6.1942
19 Kaszak Maria	1898	Pole	G.G. 19.9.1942
20 Gabrysiak Karol	1895	Pole	G.G. 2.9.1942
21 Garbacz Kazimierz	1910	Pole	G.G. 6.10.1942
22 Mazur Franciszka	1904	Pole	G.G. 11.10.1942
23 Kopec Jan	1900	Pole	G.G. 27.9.1942
24 Kowalska Irena	1912	Pole	G.G. 8.10.1942
25 Fijalkowski Jan	1888	Pole	G.G. 5.7.1942
26 Olszewski Jozef	1910	Pole	G.G. 11.11.1942
27 Sobczak Marianna	1902	Pole	G.G. 4.9.1942
28 Kruszynski Jan	1894	Pole	G.G. 27.10.1942
29 Szymanski Roman	1906	Pole	G.G. 1.12.1942
30 Grabowska Zofia	1893	Pole	G.G. 20.8.1942
31 Adamska Zofia	1909	Pole	G.G. 9.11.1942
32 Baczek Anna	1906	Pole	G.G. 14.9.1942
33 Marcinkowska Helena	1904	Pole	G.G. 3.10.1942
34 Ozimek Jan	1911	Pole	G.G. 12.11.1942
35 Glowacki Jan	1899	Pole	G.G. 2.10.1942
36 Wisniewska Maria	1897	Pole	G.G. 4.12.1942
37 Sobieraj Teresa	1908	Pole	G.G. 23.9.1942
38 Zajac Henryk	1913	Pole	G.G. 16.9.1942
39 Kowalczyk Jan	1905	Pole	G.G. 26.9.1942
40 Maciejewska Regina	1900	Pole	G.G. 21.10.1942
41 Pawlak Stanislaw	1903	Pole	G.G. 8.11.1942
42 Chmielewski Jan	1907	Pole	G.G. 30.9.1942
43 Zalewska Halina	1912	Pole	G.G. 7.11.1942
44 Bogusz Andrzej	1902	Pole	G.G. 11.9.1942
45 Kwiatkowska Anna	1898	Pole	G.G. 18.10.1942
46 Czerwinski Jan	1896	Pole	G.G. 24.11.1942
47 Wojcik Marianna	1909	Pole	G.G. 13.10.1942
48 Nowicki Piotr	1901	Pole	G.G. 29.9.1942
49 Sikora Helena	1914	Pole	G.G. 5.11.1942
50 Tomaszewski Jan	1897	Pole	G.G. 20.10.1942
51 Lis Janina	1906	Pole	G.G. 2.12.1942
52 Jasinski Jozef	1893	Pole	G.G. 15.9.1942
53 Laskowska Maria	1911	Pole	G.G. 25.10.1942
54 Wrobel Jan	1904	Pole	G.G. 10.11.1942
55 Dabrowska Anna	1899	Pole	G.G. 1.10.1942
56 Pietrzak Jan	1908	Pole	G.G. 19.11.1942
57 Gorska Zofia	1902	Pole	G.G. 22.9.1942
58 Michalak Stefan	1910	Pole	G.G. 6.11.1942
59 Krawczyk Jadwiga	1905	Pole	G.G. 14.10.1942
60 Kozlowski Jan	1895	Pole	G.G. 28.11.1942
1 Weber Franziska	1896	Pole	G.G. 15.6.1942
2 Wocial Jozef	10.2.1909	Pole	G.G. 15.10.1942
3 Walentynowicz Olga	1909	Pole	G.G. 11.6.1942
4 Batalina Anna	20.7.1891	Pole	G.G. 11.10.1942
5 Paatsch Renata	1888	Pole	G.G. 13.4.1942
6 Ballek Anton	1911	Pole	G.G. 6.12.1928
7 Galicka Irena	1901	Pole	G.G. 10.10.1942
8 Bartosz Barbara	1902	Pole	G.G. 25.6.1942
9 Wloch Jan	1888	Pole	G.G. 2.11.1942
10 Kaminski Stefan	1898	Pole	G.G. 17.9.1942
11 Bednarek Maria	1914	Pole	G.G. 28.9.1942
12 Fakaden Jozef	1912	Pole	G.G. 7.12.1942
13 Bilan Marian	1900	Pole	G.G. 12.6.1942
14 Zygmunt Anna	1893	Pole	G.G. 7.10.1942
15 Jakubowska Anna	1888	Pole	G.G. 24.9.1942
16 Bieniek Antoni	1909	Pole	G.G. 11.9.1942
17 Barszcz Anna	1905	Pole	G.G. 4.10.1942
18 Baran Stefan	1892	Pole	G.G. 28.6.1942
19 Kaszak Maria	1898	Pole	G.G. 19.9.1942
20 Gabrysiak Karol	1895	Pole	G.G. 2.9.1942
21 Garbacz Kazimierz	1910	Pole	G.G. 6.10.1942
22 Mazur Franciszka	1904	Pole	G.G. 11.10.1942
23 Kopec Jan	1900	Pole	G.G. 27.9.1942
24 Kowalska Irena	1912	Pole	G.G. 8.10.1942
25 Fijalkowski Jan	1888	Pole	G.G. 5.7.1942
26 Olszewski Jozef	1910	Pole	G.G. 11.11.1942
27 Sobczak Marianna	1902	Pole	G.G. 4.9.1942
28 Kruszynski Jan	1894	Pole	G.G. 27.10.1942
29 Szymanski Roman	1906	Pole	G.G. 1.12.1942
30 Grabowska Zofia	1893	Pole	G.G. 20.8.1942
31 Adamska Zofia	1909	Pole	G.G. 9.11.1942
32 Baczek Anna	1906	Pole	G.G. 14.9.1942
33 Marcinkowska Helena	1904	Pole	G.G. 3.10.1942
34 Ozimek Jan	1911	Pole	G.G. 12.11.1942
35 Glowacki Jan	1899	Pole	G.G. 2.10.1942
36 Wisniewska Maria	1897	Pole	G.G. 4.12.1942
37 Sobieraj Teresa	1908	Pole	G.G. 23.9.1942
38 Zajac Henryk	1913	Pole	G.G. 16.9.1942
39 Kowalczyk Jan	1905	Pole	G.G. 26.9.1942
40 Maciejewska Regina	1900	Pole	G.G. 21.10.1942
41 Pawlak Stanislaw	1903	Pole	G.G. 8.11.1942
42 Chmielewski Jan	1907	Pole	G.G. 30.9.1942
43 Zalewska Halina	1912	Pole	G.G. 7.11.1942
44 Bogusz Andrzej	1902	Pole	G.G. 11.9.1942
45 Kwiatkowska Anna	1898	Pole	G.G. 18.10.1942
46 Czerwinski Jan	1896	Pole	G.G. 24.11.1942
47 Wojcik Marianna	1909	Pole	G.G. 13.10.1942
48 Nowicki Piotr	1901	Pole	G.G. 29.9.1942
49 Sikora Helena	1914	Pole	G.G. 5.11.1942
50 Tomaszewski Jan	1897	Pole	G.G. 20.10.1942
51 Lis Janina	1906	Pole	G.G. 2.12.1942
52 Jasinski Jozef	1893	Pole	G.G. 15.9.1942
53 Laskowska Maria	1911	Pole	G.G. 25.10.1942
54 Wrobel Jan	1904	Pole	G.G. 10.11.1942
55 Dabrowska Anna	1899	Pole	G.G. 1.10.1942
56 Pietrzak Jan	1908	Pole	G.G. 19.11.1942
57 Gorska Zofia	1902	Pole	G.G. 22.9.1942
58 Michalak Stefan	1910	Pole	G.G. 6.11.1942
59 Krawczyk Jadwiga	1905	Pole	G.G. 14.10.1942
60 Kozlowski Jan	1895	Pole	G.G. 28.11.1942
1 Weber Franziska	1896	Pole	G.G. 15.6.1942
2 Wocial Jozef	10.2.1909	Pole	G.G. 15.10.1942
3 Walentynowicz Olga	1909	Pole	G.G. 11.6.1942
4 Batalina Anna	20.7.1891	Pole	G.G. 11.10.1942
5 Paatsch Renata	1888	Pole	G.G. 13.4.1942
6 Ballek Anton	1911	Pole	G.G. 6.12.1928
7 Galicka Irena	1901	Pole	G.G. 10.10.1942
8 Bartosz Barbara	1902	Pole	G.G. 25.6.1942
9 Wloch Jan	1888	Pole	G.G. 2.11.1942
10 Kaminski Stefan	1898	Pole	G.G. 17.9.1942
11 Bednarek Maria	1914	Pole	G.G. 28.9.1942
12 Fakaden Jozef	1912	Pole	G.G. 7.12.1942
13 Bilan Marian	1900	Pole	G.G. 12.6.1942
14 Zygmunt Anna	1893	Pole	G.G. 7.10.1942
15 Jakubowska Anna	1888	Pole	G.G. 24.9.1942
16 Bieniek Antoni	1909	Pole	G.G. 11.9.1942
17 Barszcz Anna	1905	Pole	G.G. 4.10.1942
18 Baran Stefan	1892	Pole	G.G. 28.6.1942
19 Kaszak Maria	1898	Pole	G.G. 19.9.1942
20 Gabrysiak Karol	1895	Pole	G.G. 2.9.1942
21 Garbacz Kazimierz	1910	Pole	G.G. 6.10.1942
22 Mazur Franciszka	1904	Pole	G.G. 11.10.1942
23 Kopec Jan	1900	Pole	G.G. 27.9.1942
24 Kowalska Irena	1912	Pole	G.G. 8.10.1942
25 Fijalkowski Jan	1888	Pole	G.G. 5.7.1942
26 Olszewski Jozef	1910	Pole	G.G. 11.11.1942
27 Sobczak Marianna	1902	Pole	G.G. 4.9.1942
28 Kruszynski Jan	1894	Pole	G.G. 27.10.1942
29 Szymanski Roman	1906	Pole	G.G. 1.12.1942
30 Grabowska Zofia	1893	Pole	G.G. 20.8.1942
31 Adamska Zofia	1909	Pole	G.G. 9.11.1942
32 Baczek Anna	1906	Pole	G.G. 14.9.1942
33 Marcinkowska Helena	1904	Pole	G.G. 3.10.1942
34 Ozimek Jan	1911	Pole	G.G. 12.11.1942
35 Glowacki Jan	1899	Pole	G.G. 2.10.1942
36 Wisniewska Maria	1897	Pole	G.G. 4.12.1942
37 Sobieraj Teresa	1908	Pole	G.G. 23.9.1942
38 Zajac Henryk	1913	Pole	G.G. 16.9.1942
39 Kowalczyk Jan	1905	Pole	G.G. 26.9.1942
40 Maciejewska Regina	1900	Pole	G.G. 21.10.1942
41 Pawlak Stanislaw	1903	Pole	G.G. 8.11.1942
42 Chmielewski Jan	1907	Pole	G.G. 30.9.1942
43 Zalewska Halina	1912	Pole	G.G. 7.11.1942
44 Bogusz Andrzej	1902	Pole	G.G. 11.9.1942
45 Kwiatkowska Anna	1898	Pole	G.G. 18.10.1942
46 Czerwinski Jan	1896	Pole	G.G. 24.11.1942
47 Wojcik Marianna	1909	Pole	G.G. 13.10.1942
48 Nowicki Piotr	1901	Pole	G.G. 29.9.1942
49 Sikora Helena	1914	Pole	G.G. 5.11.1942
50 Tomaszewski Jan	1897	Pole	G.G. 20.10.1942
51 Lis Janina	1906	Pole	G.G. 2.12.1942
52 Jasinski Jozef	1893	Pole	G.G. 15.9.1942
53 Laskowska Maria	1911	Pole	G.G. 25.10.1942
54 Wrobel Jan	1904	Pole	G.G. 10.11.1942
55 Dabrowska Anna	1899	Pole	G.G. 1.10.1942
56 Pietrzak Jan	1908	Pole	G.G. 19.11.1942
57 Gorska Zofia	1902	Pole	G.G. 22.9.1942
58 Michalak Stefan	1910	Pole	G.G. 6.11.1942
59 Krawczyk Jadwiga	1905	Pole	G.G. 14.10.1942
60 Kozlowski Jan	1895	Pole	G.G. 28.11.1942
1 Weber Franziska	1896	Pole	G.G. 15.6.1942
2 Wocial Jozef	10.2.1909	Pole	G.G. 15.10.1942
3 Walentynowicz Olga	1909	Pole	G.G. 11.6.1942
4 Batalina Anna	20.7.1891	Pole	G.G. 11.10.1942
5 Paatsch Renata	1888	Pole	G.G. 13.4.1942
6 Ballek Anton	1911	Pole	G.G. 6.12.1928
7 Galicka Irena	1901	Pole	G.G. 10.10.1942
8 Bartosz Barbara	1902	Pole	G.G. 25.6.1942
9 Wloch Jan	1888	Pole	G.G. 2.11.1942
10 Kaminski Stefan	1898	Pole	G.G. 17.9.1942
11 Bednarek Maria	1914	Pole	G.G. 28.9.1942
12 Fakaden Jozef	1912	Pole	G.G. 7.12.1942
13 Bilan Marian	1900	Pole	G.G. 12.6.1942
14 Zygmunt Anna	1893	Pole	G.G. 7.10.1942
15 Jakubowska Anna	1888	Pole	G.G. 24.9.1942
16 Bieniek Antoni	1909	Pole	G.G. 11.9.1942
17 Barszcz Anna	1905	Pole	G.G. 4.10.1942
18 Baran Stefan	1892	Pole	G.G. 28.6.1942
19 Kaszak Maria	1898	Pole	G.G. 19.9.1942
20 Gabrysiak Karol	1895	Pole	G.G. 2.9.1942
21 Garbacz Kazimierz	1910	Pole	G.G. 6.10.1942
22 Mazur Franciszka	1904	Pole	G.G. 11.10.1942
23 Kopec Jan	1900	Pole	G.G. 27.9.1942
24 Kowalska Irena	1912	Pole	G.G. 8.10.1942
25 Fijalkowski Jan	1888	Pole	G.G. 5.7.1942
26 Olszewski Jozef	1910	Pole	G.G. 11.11.1942
27 Sobczak Marianna	1902	Pole	G.G. 4.9.1942
28 Kruszynski Jan	1894	Pole	G.G. 27.10.1942
29 Szymanski Roman	1906	Pole	G.G. 1.12.1942
30 Grabowska Zofia	1893	Pole	G.G. 20.8.1942
31 Adamska Zofia	1909	Pole	G.G. 9.11.1942
32 Baczek Anna	1906	Pole	G.G. 14.9.1942
33 Marcinkowska Helena	1904	Pole	G.G. 3.10.1942
34 Ozimek Jan	1911	Pole	G.G. 12.11.1942
35 Glowacki Jan	1899	Pole	G.G. 2.10.1942
36 Wisniewska Maria	1897	Pole	G.G. 4.12.1942
37 Sobieraj Teresa	1908	Pole	G.G. 23.9.1942
38 Zajac Henryk	1913	Pole	G.G. 16.9.1942
39 Kowalczyk Jan	1905	Pole	G.G. 26.9.1942
40 Maciejewska Regina	1900	Pole	G.G. 21.10.1942
41 Pawlak Stanislaw	1903	Pole	G.G. 8.11.1942
42 Chmielewski Jan	1907	Pole	G.G. 30.9.1942
43 Zalewska Halina	1912	Pole	G.G. 7.11.1942
44 Bogusz Andrzej	1902	Pole	G.G. 11.9.1942
45 Kwiatkowska Anna	1898	Pole	G.G. 18.10.1942
46 Czerwinski Jan	1896	Pole	G.G. 24.11.1942
47 Wojcik Marianna	1909	Pole	G.G. 13.10.1942
48 Nowicki Piotr	1901	Pole	G.G. 29.9.1942
49 Sikora Helena	1914	Pole	G.G. 5.11.1942
50 Tomaszewski Jan	1897	Pole	G.G. 20.10.1942
51 Lis Janina	1906	Pole	G.G. 2.12.1942
52 Jasinski Jozef	1893	Pole	G.G. 15.9.1942
53 Laskowska Maria	1911	Pole	G.G. 25.10.1942
54 Wrobel Jan	1904	Pole	G.G. 10.11.1942
55 Dabrowska Anna	1899	Pole	G.G. 1.10.1942
56 Pietrzak Jan	1908	Pole	G.G. 19.11.1942
57 Gorska Zofia	1902	Pole	G.G. 22.9.1942
58 Michalak Stefan	1910	Pole	G.G. 6.11.1942
59 Krawczyk Jadwiga	1905	Pole	G.G. 14.10.1942
60 Kozlowski Jan	1895	Pole	G.G. 28.11.1942
1 Weber Franziska	1896	Pole	G.G. 15.6.1942
2 Wocial Jozef	10.2.1909	Pole	G.G. 15.10.1942
3 Walentynowicz Olga	1909	Pole	G.G. 11.6.1942
4 Batalina Anna	20.7.1891	Pole	G.G. 11.10.1942
5 Paatsch Renata	1888	Pole	G.G. 13.4.1942
6 Ballek Anton	1911	Pole	G.G. 6.12.1928
7 Galicka Irena	1901	Pole	G.G. 10.10.1942
8 Bartosz Barbara	1902	Pole	G.G. 25.6.1942
9 Wloch Jan	1888	Pole	G.G. 2.11.1942
10 Kaminski Stefan	1898	Pole	G.G. 17.9.1942
11 Bednarek Maria	1914	Pole	G.G. 28.9.1942
12 Fakaden Jozef	1912	Pole	G.G. 7.12.1942
13 Bilan Marian	1900	Pole	G.G. 12.6.1942
14 Zygmunt Anna	1893	Pole	G.G. 7.10.1942
15 Jakubowska Anna	1888	Pole	G.G. 24.9.1942
16 Bieniek Antoni	1909	Pole	G.G. 11.9.1942
17 Barszcz Anna	1905	Pole	G.G. 4.10.1942
18 Baran Stefan	1892	Pole	G.G. 28.6.1942
19 Kaszak Maria	1898	Pole	G.G. 19.9.1942
20 Gabrysiak Karol	1895	Pole	G.G. 2.9.1942
21 Garbacz Kazimierz	1910	Pole	G.G. 6.10.1942
22 Mazur Franciszka	1904	Pole	G.G. 11.10.1942
23 Kopec Jan	1900	Pole	G.G. 27.9.1942
24 Kowalska Irena	1912	Pole	G.G. 8.10.1942
25 Fijalkowski Jan	1888	Pole	G.G. 5.7.1942
26 Olszewski Jozef	1910	Pole	G.G. 11.11.1942
27 Sobczak Marianna	1902	Pole	G.G. 4.9.1942
28 Kruszynski Jan	1894	Pole	G.G. 27.10.1942
29 Szymanski Roman	1906	Pole	G.G. 1.12.1942
30 Grabowska Zofia	1893	Pole	G.G. 20.8.1942
31 Adamska Zofia	1909	Pole	G.G. 9.11.1942
32 Baczek Anna	1906	Pole	G.G. 14.9.1942
33 Marcinkowska Helena	1904	Pole	G.G. 3.10.1942
34 Ozimek Jan	1911	Pole	G.G. 12.11.1942
35 Glowacki Jan	1899	Pole	G.G. 2.10.1942
36 Wisniewska Maria	1897	Pole	G.G. 4.12.1942
37 Sobieraj Teresa	1908	Pole	G.G. 23.9.1942
38 Zajac Henryk	1913	Pole	G.G. 16.9.1942
39 Kowalczyk Jan	1905	Pole	G.G. 26.9.1942
40 Maciejewska Regina	1900	Pole	G.G. 21.10.1942
41 Pawlak Stanislaw	1903	Pole	G.G. 8.11.1942
42 Chmielewski Jan	1907	Pole	G.G. 30.9.1942
43 Zalewska Halina	1912	Pole	G.G. 7.11.1942
44 Bogusz Andrzej	1902	Pole	G.G. 11.9.1942
45 Kwiatkowska Anna	1898	Pole	G.G. 18.10.1942
46 Czerwinski Jan	1896	Pole	G.G. 24.11.1942
47 Wojcik Marianna	1909	Pole	G.G. 13.10.1942
48 Nowicki Piotr	1901	Pole	G.G. 29.9.1942
49 Sikora Helena	1914	Pole	G.G. 5.11.1942
50 Tomaszewski Jan	1897	Pole	G.G. 20.10.1942
51 Lis Janina	1906	Pole	G.G. 2.12.1942
52 Jasinski Jozef	1893	Pole	G.G. 15.9.1942
53 Laskowska Maria	1911	Pole	G.G. 25.10.1942
54 Wrobel Jan	1904	Pole	G.G. 10.11.1942
55 Dabrowska Anna	1899	Pole	G.G. 1.10.1942
56 Pietrzak Jan	1908	Pole	G.G. 19.11.1942
57 Gorska Zofia	1902	Pole	G.G. 22.9.1942
58 Michalak Stefan	1910	Pole	G.G. 6.11.1942
59 Krawczyk Jadwiga	1905	Pole	G.G. 14.10.1942
60 Kozlowski Jan	1895	Pole	G.G. 28.11.1942
1 Weber Franziska	1896	Pole	G.G. 15.6.1942
2 Wocial Jozef	10.2.1909	Pole	G.G. 15.10.1942
3 Walentynowicz Olga	1909	Pole	G.G. 11.6.1942
4 Batalina Anna	20.7.1891	Pole	G.G. 11.10.1942
5 Paatsch Renata	1888	Pole	G.G. 13.4.1942
6 Ballek Anton	1911	Pole	G.G. 6.12.1928
7 Galicka Irena	1901	Pole	G.G. 10.10.1942
8 Bartosz Barbara	1902	Pole	G.G. 25.6.1942
9 Wloch Jan	1888	Pole	G.G. 2.11.1942
10 Kaminski Stefan	1898	Pole	G.G. 17.9.1942
11 Bednarek Maria	1914	Pole	G.G. 28.9.1942
12 Fakaden Jozef	1912	Pole	G.G. 7.12.1942
13 Bilan Marian	1900	Pole	G.G. 12.6.1942
14 Zygmunt Anna	1893	Pole	G.G. 7.10.1942
15 Jakubowska Anna	1888	Pole	G.G. 24.9.1942
16 Bieniek Antoni	1909	Pole	G.G. 11.9.1942
17 Barszcz Anna	1905	Pole	G.G. 4.10.1942
18 Baran Stefan	1892	Pole	G.G. 28.6.1942
19 Kaszak Maria	1898	Pole	G.G. 19.9.1942
20 Gabrysiak Karol	1895	Pole	G.G. 2.9.1942
21 Garbacz Kazimierz	1910	Pole	G.G. 6.10.1942
22 Mazur Franciszka	1904	Pole	G.G. 11.10.1942
23 Kopec Jan	1900	Pole	G.G. 27.9.1942
24 Kowalska Irena	1912	Pole	G.G. 8.10.1942
25 Fijalkowski Jan	1888	Pole	G.G. 5.7.1942
26 Olszewski Jozef	1910	Pole	G.G. 11.11.1942
27 Sobczak Marianna	1902	Pole	G.G. 4.9.1942
28 Kruszynski Jan	1894	Pole	G.G. 27.10.1942
29 Szymanski Roman	1906	Pole	G.G. 1.12.1942
30 Grabowska Zofia	1893	Pole	G.G. 20.8.1942
31 Adamska Zofia	1909	Pole	G.G. 9.11.1942
32 Baczek Anna	1906	Pole	G.G. 14.9.1942
33 Marcinkowska Helena	1904	Pole	G.G. 3.10.1942
34 Ozimek Jan	1911	Pole	G.G. 12.11.1942
35 Glowacki Jan	1899	Pole	G.G. 2.10.1942
36 Wisniewska Maria	1897	Pole	G.G. 4.12.1942
37 Sobieraj Teresa	1908	Pole	G.G. 23.9.1942
38 Zajac Henryk	1913	Pole	G.G. 16.9.1942
39 Kowalczyk Jan	1905	Pole	G.G. 26.9.1942
40 Maciejewska Regina	1900	Pole	G.G. 21.10.1942
41 Pawlak Stanislaw	1903	Pole	G.G. 8.11.1942
42 Chmielewski Jan	1907	Pole	G.G. 30.9.1942
43 Zalewska Halina	1912	Pole	G.G. 7.11.1942
44 Bogusz Andrzej	1902	Pole	G.G. 11.9.1942
45 Kwiatkowska Anna	1898	Pole	G.G. 18.10.1942
46 Czerwinski Jan	1896	Pole	G.G. 24.11.1942
47 Wojcik Marianna	1909	Pole	G.G. 13.10.1942
48 Nowicki Piotr	1901	Pole	G.G. 29.9.1942
49 Sikora Helena	1914	Pole	G.G. 5.11.1942
50 Tomaszewski Jan	1897	Pole	G.G. 20.10.1942
51 Lis Janina	1906	Pole	G.G. 2.12.1942
52 Jasinski Jozef	1893	Pole	G.G. 15.9.1942
53 Laskowska Maria	1911	Pole	G.G. 25.10.1942
54 Wrobel Jan	1904	Pole	G.G. 10.11.1942
55 Dabrowska Anna	1899	Pole	G.G. 1.10.1942
56 Pietrzak Jan	1908	Pole	G.G. 19.11.1942
57 Gorska Zofia	1902	Pole	G.G. 22.9.1942
58 Michalak Stefan	1910	Pole	G.G. 6.11.1942
59 Krawczyk Jadwiga	1905	Pole	G.G. 14.10.1942
60 Kozlowski Jan	1895	Pole	G.G. 28.11.1942
1 Weber Franziska	1896	Pole	G.G. 15.6.1942
2 Wocial Jozef	10.2.1909	Pole	G.G. 15.10.1942
3 Walentynowicz Olga	1909	Pole	G.G. 11.6.1942
4 Batalina Anna	20.7.1891	Pole	G.G. 11.10.1942
5 Paatsch Renata	1888	Pole	G.G. 13.4.1942
6 Ballek Anton	1911	Pole	G.G. 6.12.1928
7 Galicka Irena	1901	Pole	G.G. 10.10.1942
8 Bartosz Barbara	1902	Pole	G.G. 25.6.1942
9 Wloch Jan	1888	Pole	G.G. 2.11.1942
10 Kaminski Stefan	1898	Pole	G.G. 17.9.1942
11 Bednarek Maria	1914	Pole	G.G. 28.9.1942
12 Fakaden Jozef	1912	Pole	G.G. 7.12.1942
13 Bilan Marian	1900	Pole	G.G. 12.6.1942
14 Zygmunt Anna	1893	Pole	G.G. 7.10.1942
15 Jakubowska Anna	1888	Pole	G.G. 24.9.1942
16 Bieniek Antoni	1909	Pole	G.G. 11.9.1942
17 Barszcz Anna	1905	Pole	G.G. 4.10.1942
18 Baran Stefan	1892	Pole	G.G. 28.6.1942
19 Kaszak Maria	1898	Pole	G.G. 19.9.1942
20 Gabrysiak Karol	1895	Pole	G.G. 2.9.1942
21 Garbacz Kazimierz	1910	Pole	G.G. 6.10.1942
22 Mazur Franciszka	1904	Pole	G.G. 11.10.1942
23 Kopec Jan	1900	Pole	G.G. 27.9.1942
24 Kowalska Irena	1912	Pole	G.G. 8.10.1942
25 Fijalkowski Jan	1888	Pole	G.G. 5.7.1942
26 Olszewski Jozef	1910	Pole	G.G. 11.11.1942
27 Sobczak Marianna	1902	Pole	G.G. 4.9.1942
28 Kruszynski Jan	1894	Pole	G.G. 27.10.1942
29 Szymanski Roman	1906	Pole	G.G. 1.12.1942
30 Grabowska Zofia	1893	Pole	G.G. 20.8.1942
31 Adamska Zofia	1909	Pole	G.G. 9.11.1942
32 Baczek Anna	1906	Pole	G.G. 14.9.1942
33 Marcinkowska Helena	1904	Pole	G.G. 3.10.1942
34 Ozimek Jan	1911	Pole	G.G. 12.11.1942
35 Glowacki Jan	1899	Pole	G.G. 2.10.1942
36 Wisniewska Maria	1897	Pole	G.G. 4.12.1942
37 Sobieraj Teresa	1908	Pole	G.G. 23.9.1942
38 Zajac Henryk	1913	Pole	G.G. 16.9.1942
39 Kowalczyk Jan	1905	Pole	G.G. 26.9.1942
40 Maciejewska Regina	1900	Pole	G.G. 21.10.1942
41 Pawlak Stanislaw	1903	Pole	G.G. 8.11.1942
42 Chmielewski Jan	1907	Pole	G.G. 30.9.1942
43 Zalewska Halina	1912	Pole	G.G. 7.11.1942
44 Bogusz Andrzej	1902	Pole	G.G. 11.9.1942
45 Kwiatkowska Anna	1898	Pole	G.G. 18.10.1942
46 Czerwinski Jan	1896	Pole	G.G. 24.11.1942
47 Wojcik Marianna	1909	Pole	G.G. 13.10.1942
48 Nowicki Piotr	1901	Pole	G.G. 29.9.1942
49 Sikora Helena	1914	Pole	G.G. 5.11.1942
50 Tomaszewski Jan	1897	Pole	G.G. 20.10.1942
51 Lis Janina	1906	Pole	G.G. 2.12.1942
52 Jasinski Jozef	1893	Pole	G.G. 15.9.1942
53 Laskowska Maria	1911	Pole	G.G. 25.10.1942
54 Wrobel Jan	1904	Pole	G.G. 10.11.1942
55 Dabrowska Anna	1899	Pole	G.G. 1.10.1942
56 Pietrzak Jan	1908	Pole	G.G. 19.11.1942
57 Gorska Zofia	1902	Pole	G.G. 22.9.1942
58 Michalak Stefan	1910	Pole	G.G. 6.11.1942
59 Krawczyk Jadwiga	1905	Pole	G.G. 14.10.1942
60 Kozlowski Jan	1895	Pole	G.G. 28.11.1942
1 Weber Franziska	1896	Pole	G.G. 15.6.1942
2 Wocial Jozef	10.2.1909	Pole	G.G. 15.10.1942
3 Walentynowicz Olga	1909	Pole	G.G. 11.6.1942
4 Batalina Anna	20.7.1891	Pole	G.G. 11.10.1942
5 Paatsch Renata	1888	Pole	G.G. 13.4.1942
6 Ballek Anton	1911	Pole	G.G. 6.12.1928
7 Galicka Irena	1901	Pole	G.G. 10.10.1942
8 Bartosz Barbara	1902	Pole	G.G. 25.6.1942
9 Wloch Jan	1888	Pole	G.G. 2.11.1942
10 Kaminski Stefan	1898	Pole	G.G. 17.9.1942
11 Bednarek Maria	1914	Pole	G.G. 28.9.1942
12 Fakaden Jozef	1912	Pole	G.G. 7.12.1942
13 Bilan Marian	1900	Pole	G.G. 12.6.1942
14 Zygmunt Anna	1893	Pole	G.G. 7.10.1942
15 Jakubowska Anna	1888	Pole	G.G. 24.9.1942
16 Bieniek Antoni	1909	Pole	G.G. 11.9.1942
17 Barszcz Anna	1905	Pole	G.G. 4.10.1942
18 Baran Stefan	1892	Pole	G.G. 28.6.1942
19 Kaszak Maria	1898	Pole	G.G. 19.9.1942
20 Gabrysiak Karol	1895	Pole	G.G. 2.9.1942
21 Garbacz Kazimierz	1910	Pole	G.G. 6.10.1942
22 Mazur Franciszka	1904	Pole	G.G. 11.10.1942
23 Kopec Jan	1900	Pole	G.G. 27.9.1942
24 Kowalska Irena	1912	Pole	G.G. 8.10.1942
25 Fijalkowski Jan	1888	Pole	G.G. 5.7.1942
26 Olszewski Jozef	1910	Pole	G.G. 11.11.1942
27 Sobczak Marianna	1902	Pole	G.G. 4.9.1942
28 Kruszynski Jan	1894	Pole	G.G. 27.10.1942
29 Szymanski Roman	1906	Pole	G.G. 1.12.1942
30 Grabowska Zofia	1893	Pole	G.G. 20.8.1942
31 Adamska Zofia	1909	Pole	G.G. 9.11.1942
32 Baczek Anna	1906	Pole	G.G. 14.9.1942
33 Marcinkowska Helena	1904	Pole	G.G. 3.10.1942
34 Ozimek Jan	1911	Pole	G.G. 12.11.1942
35 Glowacki Jan	1899	Pole	G.G. 2.10.1942
36 Wisniewska Maria	1897	Pole	G.G. 4.12.1942
37 Sobieraj Teresa	1908	Pole	G.G. 23.9.1942
38 Zajac Henryk	1913	Pole	G.G. 16.9.1942
39 Kowalczyk Jan	1905	Pole	G.G. 26.9.1942
40 Maciejewska Regina	1900	Pole	G.G. 21.10.1942
41 Pawlak Stanislaw	1903	Pole	G.G. 8.11.1942
42 Chmielewski Jan	1907	Pole	G.G. 30.9.1942
43 Zalewska Halina	1912	Pole	G.G. 7.11.1942
44 Bogusz Andrzej	1902	Pole	G.G. 11.9.1942
45 Kwiatkowska Anna	1898	Pole	G.G. 18.10.1942
46 Czerwinski Jan	1896	Pole	G.G. 24.11.1942
47 Wojcik Marianna	1909	Pole	G.G. 13.10.1942
48 Nowicki Piotr	1901	Pole	G.G. 29.9.1942
49 Sikora Helena	1914	Pole	G.G. 5.11.1942
50 Tomaszewski Jan	1897	Pole	G.G. 20.10.1942
51 Lis Janina	1906	Pole	G.G. 2.12.1942
52 Jasinski Jozef	1893	Pole	G.G. 15.9.1942
53 Laskowska Maria	1911	Pole	G.G. 25.10.1942
54 Wrobel Jan	1904	Pole	G.G. 10.11.1942
55 Dabrowska Anna	1899	Pole	G.G. 1.10.1942
56 Pietrzak Jan	1908	Pole	G.G. 19.11.1942
57 Gorska Zofia	1902	Pole	G.G. 22.9.1942
58 Michalak Stefan	1910	Pole	G.G. 6.11.1942
59 Krawczyk Jadwiga	1905	Pole	G.G. 14.10.1942
60 Kozlowski Jan	1895	Pole	G.G. 28.11.1942
1 Weber Franziska	1896	Pole	G.G. 15.6.1942
2 Wocial Jozef	10.2.1909	Pole	G.G. 15.10.1942
3 Walentynowicz Olga	1909	Pole	G.G. 11.6.1942
4 Batalina Anna	20.7.1891	Pole	G.G. 11.10.1942
5 Paatsch Renata	1888	Pole	G.G. 13.4.1942
6 Ballek Anton	1911	Pole	G.G. 6.12.1928
7 Galicka Irena	1901	Pole	G.G. 10.10.1942
8 Bartosz Barbara	1902	Pole	G.G. 25.6.1942
9 Wloch Jan	1888	Pole	G.G. 2.11.1942
10 Kaminski Stefan	1898	Pole	G.G. 17.9.1942
11 Bednarek Maria	1914	Pole	G.G. 28.9.1942
12 Fakaden Jozef	1912	Pole	G.G. 7.12.1942
13 Bilan Marian	1900	Pole	G.G. 12.6.1942
14 Zygmunt Anna	1893	Pole	G.G. 7.10.1942
15 Jakubowska Anna	1888	Pole	G.G. 24.9.1942
16 Bieniek Antoni	1909	Pole	G.G. 11.9.1942
17 Barszcz Anna	1905	Pole	G.G. 4.10.1942
18 Baran Stefan	1892	Pole	G.G. 28.6.1942
19 Kaszak Maria	1898	Pole	G.G. 19.9.1942
20 Gabrysiak Karol	1895	Pole	G.G. 2.9.1942
21 Garbacz Kazimierz	1910	Pole	G.G. 6.10.1942
22 Mazur Franciszka	1904	Pole	G.G. 11.10.1942
23 Kopec Jan	1900	Pole	G.G. 27.9.1942
24 Kowalska Irena	1912	Pole	G.G. 8.10.1942
25 Fijalkowski Jan	1888	Pole	G.G. 5.7.1942
26 Olszewski Jozef	1910	Pole	G.G. 11.11.1942
27 Sobczak Marianna	1902	Pole	G.G. 4.9.1942
28 Kruszynski Jan	1894	Pole	G.G. 27.10.1942
29 Szymanski Roman	1906	Pole	G.G. 1.12.1942
30 Grabowska Zofia	1893	Pole	G.G. 20.8.1942
31 Adamska Zofia	1909	Pole	G.G. 9.11.1942
32 Baczek Anna	1906	Pole	G.G. 14.9.1942
33 Marcinkowska Helena	1904	Pole	G.G. 3.10.1942
34 Ozimek Jan	1911	Pole	G.G. 12.11.1942
35 Glowacki Jan	1899	Pole	G.G. 2.10.1942
36 Wisniewska Maria	1897	Pole	G.G. 4.12.1942
37 Sobieraj Teresa	1908	Pole	G.G. 23.9.1942
38 Zajac Henryk	1913	Pole	G.G. 16.9.1942
39 Kowalczyk Jan	1905	Pole	G.G. 26.9.1942
40 Maciejewska Regina	1900	Pole	G.G. 21.10.1942
41 Pawlak Stanislaw	1903	Pole	G.G. 8.11.1942
42 Chmielewski Jan	1907	Pole	G.G. 30.9.1942
43 Zalewska Halina	1912	Pole	G.G. 7.11.1942
44 Bogusz Andrzej	1902	Pole	G.G. 11.9.1942
45 Kwiatkowska Anna	1898	Pole	G.G. 18.10.1942
46 Czerwinski Jan	1896	Pole	G.G. 24.11.1942
47 Wojcik Marianna	1909	Pole	G.G. 13.10.1942
48 Nowicki Piotr	1901	Pole	G.G. 29.9.1942
49 Sikora Helena	1914	Pole	G.G. 5.11.1942
50 Tomaszewski Jan	1897	Pole	G.G. 20.10.1942
51 Lis Janina	1906	Pole	G.G. 2.12.1942
52 Jasinski Jozef	1893	Pole	G.G. 15.9.1942
53 Laskowska Maria	1911	Pole	G.G. 25.10.1942
54 Wrobel Jan	1904	Pole	G.G. 10.11.1942
55 Dabrowska Anna	1899	Pole	G.G. 1.10.1942
56 Pietrzak Jan	1908	Pole	G.G. 19.11.1942
57 Gorska Zofia	1902	Pole	G.G. 22.9.1942
58 Michalak Stefan	1910	Pole	G.G. 6.11.1942
59 Krawczyk Jadwiga	1905	Pole	G.G. 14.10.1942
60 Kozlowski Jan	1895	Pole	G.G. 28.11.1942
1 Weber Franziska	1896	Pole	G.G. 15.6.1942
2 Wocial Jozef	10.2.1909	Pole	G.G. 15.10.1942
3 Walentynowicz Olga	1909	Pole	G.G. 11.6.1942
4 Batalina Anna	20.7.1891	Pole	G.G. 11.10.1942
5 Paatsch Renata	1888	Pole	G.G. 13.4.1942
6 Ballek Anton	1911	Pole	G.G. 6.12.1928
7 Galicka Irena	1901	Pole	G.G. 10.10.1942
8 Bartosz Barbara	1902	Pole	G.G. 25.6.1942
9 Wloch Jan	1888	Pole	G.G. 2.11.1942
10 Kaminski Stefan	1898	Pole	G.G. 17.9.1942
11 Bednarek Maria	1914	Pole	G.G. 28.9.1942
12 Fakaden Jozef	1912	Pole	G.G. 7.12.1942
13 Bilan Marian	1900	Pole	G.G. 12.6.1942
14 Zygmunt Anna	1893	Pole	G.G. 7.10.1942
15 Jakubowska Anna	1888	Pole	G.G. 24.9.1942
16 Bieniek Antoni	1909	Pole	G.G. 11.9.1942
17 Barszcz Anna	1905	Pole	G.G. 4.10.1942
18 Baran Stefan	1892	Pole	G.G. 28.6.1942
19 Kaszak Maria	1898	Pole	G.G. 19.9.1942
20 Gabrysiak Karol	1895	Pole	G.G. 2.9.1942
21 Garbacz Kazimierz	1910	Pole	G.G. 6.10.1942
22 Mazur Franciszka	1904	Pole	G.G. 11.10.1942
23 Kopec Jan	1900	Pole	G.G. 27.9.1942
24 Kowalska Irena	1912	Pole	G.G. 8.10.1942
25 Fijalkowski Jan	1888	Pole	G.G. 5.7.1942
26 Olszewski Jozef	1910	Pole	G.G. 11.11.1942
27 Sobczak Marianna	1902	Pole	G.G. 4.9.1942
28 Kruszynski Jan	1894	Pole	G.G. 27.10.1942
29 Szymanski Roman	1906	Pole	G.G. 1.12.1942
30 Grabowska Zofia	1893	Pole	G.G. 20.8.1942
31 Adamska Zofia	1909	Pole	G.G. 9.11.1942
32 Baczek Anna	1906	Pole	G.G. 14.9.1942
33 Marcinkowska Helena	1904	Pole	G.G. 3.10.1942
34 Ozimek Jan	1911	Pole	G.G. 12.11.1942
35 Glowacki Jan	1899	Pole	G.G. 2.10.1942
36 Wisniewska Maria	1897	Pole	G.G. 4.12.1942
37 Sobieraj Teresa	1908	Pole	G.G. 23.9.1942
38 Zajac Henryk	1913	Pole	G.G. 16.9.1942
39 Kowalczyk Jan	1905	Pole	G.G. 26.9.1942
40 Maciejewska Regina	1900	Pole	G.G. 21.10.1942
41 Pawlak Stanislaw	1903	Pole	G.G. 8.11.1942
42 Chmielewski Jan	1907	Pole	G.G. 30.9.1942
43 Zalewska Halina	1912	Pole	G.G. 7.11.1942
44 Bogusz Andrzej	1902	Pole	G.G. 11.9.1942
45 Kwiatkowska Anna	1898	Pole	G.G. 18.10.1942
46 Czerwinski Jan	1896	Pole	G.G. 24.11.1942
47 Wojcik Marianna	1909	Pole	G.G. 13.10.1942
48 Nowicki Piotr	1901	Pole	G.G. 29.9.1942
49 Sikora Helena	1914	Pole	G.G. 5.11.1942
50 Tomaszewski Jan	1897	Pole	G.G. 20.10.1942
51 Lis Janina	1906	Pole	G.G. 2.12.1942
52 Jasinski Jozef	1893	Pole	G.G. 15.9.1942
53 Laskowska Maria	1911	Pole	G.G. 25.10.1942
54 Wrobel Jan	1904	Pole	G.G. 10.11.1942
55 Dabrowska Anna	1899	Pole	G.G. 1.10.1942
56 Pietrzak Jan	1908	Pole	G.G. 19.11.1942
57 Gorska Zofia	1902	Pole	G.G. 22.9.1942
58 Michalak Stefan	1910	Pole	G.G. 6.11.1942
59 Krawczyk Jadwiga	1905	Pole	G.G. 14.10.1942
60 Kozlowski Jan	1895	Pole	G.G. 28.11.1942
1 Weber Franziska	1896	Pole	G.G. 15.6.1942
2 Wocial Jozef	10.2.1909	Pole	G.G. 15.10.1942
3 Walentynowicz Olga	1909	Pole	G.G. 11.6.1942
4 Batalina Anna	20.7.1891	Pole	G.G. 11.10.1942
5 Paatsch Renata	1888	Pole	G.G. 13.4.1942
6 Ballek Anton	1911	Pole	G.G. 6.12.1928
7 Galicka Irena	1901	Pole	G.G. 10.10.1942
8 Bartosz Barbara	1902	Pole	G.G. 25.6.1942
9 Wloch Jan	1888	Pole	G.G. 2.11.1942
10 Kaminski Stefan	1898	Pole	G.G. 17.9.1942
11 Bednarek Maria	1914	Pole	G.G. 28.9.1942
12 Fakaden Jozef	1912	Pole	G.G. 7.12.1942
13 Bilan Marian	1900	Pole	G.G. 12.6.1942
14 Zygmunt Anna	1893	Pole	G.G. 7.10.1942
15 Jakubowska Anna	1888	Pole	G.G. 24.9.1942
16 Bieniek Antoni	1909	Pole	G.G. 11.9.1942
17 Barszcz Anna	1905	Pole	G.G. 4.10.1942
18 Baran Stefan	1892	Pole	G.G. 28.6.1942
19 Kaszak Maria	1898	Pole	G.G. 19.9.1942
20 Gabrysiak Karol	1895	Pole	G.G. 2.9.1942
21 Garbacz Kazimierz	1910	Pole	G.G. 6.10.1942
22 Mazur Franciszka	1904	Pole	G.G. 11.10.1942
23 Kopec Jan	1900	Pole	G.G. 27.9.1942
24 Kowalska Irena	1912	Pole	G.G. 8.10.1942
25 Fijalkowski Jan	1888	Pole	G.G. 5.7.1942
26 Olszewski Jozef	1910	Pole	G.G. 11.11.1942
27 Sobczak Marianna	1902	Pole	G.G. 4.9.1942
28 Kruszynski Jan	1894	Pole	G.G. 27.10.1942
29 Szymanski Roman	1906	Pole	G.G. 1.12.1942
30 Grabowska Zofia	1893	Pole	G.G. 20.8.1942
31 Adamska Zofia	1909	Pole	G.G. 9.11.1942
32 Baczek Anna	1906	Pole	G.G. 14.9.1942
33 Marcinkowska Helena	1904	Pole	G.G. 3.10.1942
34 Ozimek Jan	1911	Pole	G.G. 12.11.1942
35 Glowacki Jan	1899	Pole	G.G. 2.10.1942
36 Wisniewska Maria	1897	Pole	G.G. 4.12.1942
37 Sobieraj Teresa	1908	Pole	G.G. 23.9.1942
38 Zajac Henryk	1913	Pole	G.G. 16.9.1942
39 Kowalczyk Jan	1905	Pole	G.G. 26.9.1942
40 Maciejewska Regina	1900	Pole	G.G. 21.10.1942
41 Pawlak Stanislaw	1903	Pole	G.G. 8.11.1942
42 Chmielewski Jan	1907	Pole	G.G. 30.9.1942
43 Zalewska Halina	1912	Pole	G.G. 7.11.1942
44 Bogusz Andrzej	1902	Pole	G.G. 11.9.1942
45 Kwiatkowska Anna	1898	Pole	G.G. 18.10.1942
46 Czerwinski Jan	1896	Pole	G.G. 24.11.1942
47 Wojcik Marianna	1909	Pole	G.G. 13.10.1942
48 Nowicki Piotr	1901	Pole	G.G. 29.9.1942
49 Sikora Helena	1914	Pole	G.G. 5.11.1942
50 Tomaszewski Jan	1897	Pole	G.G. 20.10.1942
51 Lis Janina	1906	Pole	G.G. 2.12.1942
52 Jasinski Jozef	1893	Pole	G.G. 15.9.1942
53 Laskowska Maria	1911	Pole	G.G. 25.10.1942
54 Wrobel Jan	1904	Pole	G.G. 10.11.1942
55 Dabrowska Anna	1899	Pole	G.G. 1.10.1942
56 Pietrzak Jan	1908	Pole	G.G. 19.11.1942
57 Gorska Zofia	1902	Pole	G.G. 22.9.1942
58 Michalak Stefan	1910	Pole	G.G. 6.11.1942
59 Krawczyk Jadwiga	1905	Pole	G.G. 14.10.1942
60 Kozlowski Jan	1895	Pole	G.G. 28.11.1942
1 Weber Franziska	1896	Pole	G.G. 15.6.1942
2 Wocial Jozef	10.2.1909	Pole	G.G. 15.10.1942
3 Walentynowicz Olga	1909	Pole	G.G. 11.6.1942
4 Batalina Anna	20.7.1891	Pole	G.G. 11.10.1942
5 Paatsch Renata	1888	Pole	G.G. 13.4.1942
6 Ballek Anton	1911	Pole	G.G. 6.12.1928
7 Galicka Irena	1901	Pole	G.G. 10.10.1942
8 Bartosz Barbara	1902	Pole	G.G. 25.6.1942
9 Wloch Jan	1888	Pole	G.G. 2.11.1942
10 Kaminski Stefan	1898	Pole	G.G. 17.9.1942
11 Bednarek Maria	1914	Pole	G.G. 28.9.1942
12 Fakaden Jozef	1912	Pole	G.G. 7.12.1942
13 Bilan Marian	1900	Pole	G.G. 12.6.1942
14 Zygmunt Anna	1893	Pole	G.G. 7.10.1942
15 Jakubowska Anna	1888	Pole	G.G. 24.9.1942
16 Bieniek Antoni	1909	Pole	G.G. 11.9.1942
17 Barszcz Anna	1905	Pole	G.G. 4.10.1942
18 Baran Stefan	1892	Pole	G.G. 28.6.1942
19 Kaszak Maria	1898	Pole	G.G. 19.9.1942
20 Gabrysiak Karol	1895	Pole	G.G. 2.9.1942
21 Garbacz Kazimierz	1910	Pole	G.G. 6.10.1942
22 Mazur Franciszka	1904	Pole	G.G. 11.10.1942
23 Kopec Jan	1900	Pole	G.G. 27.9.1942
24 Kowalska Irena	1912	Pole	G.G. 8.10.1942
25 Fijalkowski Jan	1888	Pole	G.G. 5.7.1942
26 Olszewski Jozef	1910	Pole	G.G. 11.11.1942
27 Sobczak Marianna	1902	Pole	G.G. 4.9.1942
28 Kruszynski Jan	1894	Pole	G.G. 27.10.1942
29 Szymanski Roman	1906	Pole	G.G. 1.12.1942
30 Grabowska Zofia	1893	Pole	G.G. 20.8.1942
31 Adamska Zofia	1909	Pole	G.G. 9.11.1942
32 Baczek Anna	1906	Pole	G.G. 14.9.1942
33 Marcinkowska Helena	1904	Pole	G.G. 3.10.1942
34 Ozimek Jan	1911	Pole	G.G. 12.11.1942
35 Glowacki Jan	1899	Pole	G.G. 2.10.1942
36 Wisniewska Maria	1897	Pole	G.G. 4.12.1942
37 Sobieraj Teresa	1908	Pole	G.G. 23.9.1942
38 Zajac Henryk	1913	Pole	G.G. 16.9.1942
39 Kowalczyk Jan	1905	Pole	G.G. 26.9.1942
40 Maciejewska Regina	1900	Pole	G.G. 21.10.1942
41 Pawlak Stanislaw	1903	Pole	G.G. 8.11.1942
42 Chmielewski Jan	1907	Pole	G.G. 30.9.1942
43 Zalewska Halina	1912	Pole	G.G. 7.11.1942
44 Bogusz Andrzej	1902	Pole	G.G. 11.9.1942
45 Kwiatkowska Anna	1898	Pole	G.G. 18.10.1942
46 Czerwinski Jan	1896	Pole	G.G. 24.11.1942
47 Wojcik Marianna	1909	Pole	G.G. 13.10.1942
48 Nowicki Piotr	1901	Pole	G.G. 29.9.1942
49 Sikora Helena	1914	Pole	G.G. 5.11.1942
50 Tomaszewski Jan	1897	Pole	G.G. 20.10.1942
51 Lis Janina	1906	Pole	G.G. 2.12.1942
52 Jasinski Jozef	1893	Pole	G.G. 15.9.1942
53 Laskowska Maria	1911	Pole	G.G. 25.10.1942
54 Wrobel Jan	1904	Pole	G.G. 10.11.1942
55 Dabrowska Anna	1899	Pole	G.G. 1.10.1942
56 Pietrzak Jan	1908	Pole	G.G. 19.11.1942
57 Gorska Zofia	1902	Pole	G.G. 22.9.1942
58 Michalak Stefan	1910	Pole	G.G. 6.11.1942
59 Krawczyk Jadwiga	1905	Pole	G.G. 14.10.1942
60 Kozlowski Jan	1895	Pole	G.G. 28.11.1942
1 Weber Franziska	1896	Pole	G.G. 15.6.1942
2 Wocial Jozef	10.2.1909	Pole	G.G. 15.10.1942
3 Walentynowicz Olga	1909	Pole	G.G. 11.6.1942
4 Batalina Anna	20.7.1891	Pole	G.G. 11.10.1942
5 Paatsch Renata	1888	Pole	G.G. 13.4.1942
6 Ballek Anton	1911	Pole	G.G. 6.12.1928
7 Galicka Irena	1901	Pole	G.G. 10.10.1942
8 Bartosz Barbara	1902	Pole	G.G. 25.6.1942
9 Wloch Jan	1888	Pole	G.G. 2.11.1942
10 Kaminski Stefan	1898	Pole	G.G. 17.9.1942
11 Bednarek Maria	1914	Pole	G.G. 28.9.1942
12 Fakaden Jozef	1912	Pole	G.G. 7.12.1942
13 Bilan Marian	1900	Pole	G.G. 12.6.1942
14 Zygmunt Anna	1893	Pole	G.G. 7.10.1942
15 Jakubowska Anna	1888	Pole	G.G. 24.9.1942
16 Bieniek Antoni	1909	Pole	G.G. 11.9.1942
17 Barszcz Anna	1905	Pole	G.G. 4.10.1942
18 Baran Stefan	1892	Pole	G.G. 28.6.1942
19 Kaszak Maria	1898	Pole	G.G. 19.9.1942
20 Gabrysiak Karol	1895	Pole	G.G. 2.9.1942
21 Garbacz Kazimierz	1910	Pole	G.G. 6.10.1942
22 Mazur Franciszka	1904	Pole	G.G. 11.10.1942
23 Kopec Jan	1900	Pole	G.G. 27.9.1942
24 Kowalska Irena	1912	Pole	G.G. 8.10.1942
25 Fijalkowski Jan	1888	Pole	G.G. 5.7.1942
26 Olszewski Jozef	1910	Pole	G.G. 11.11.1942
27 Sobczak Marianna	1902	Pole	G.G. 4.9.1942
28 Kruszynski Jan	1894	Pole	G.G. 27.10.1942
29 Szymanski Roman	1906	Pole	G.G. 1.12.1942
30 Grabowska Zofia	1893	Pole	G.G. 20.8.1942
31 Adamska Zofia	1909	Pole	G.G. 9.11.1942
32 Baczek Anna	1906	Pole	G.G. 14.9.1942
33 Marcinkowska Helena	1904	Pole	G.G. 3.10.1942
34 Ozimek Jan	1911	Pole	G.G. 12.11.1942
35 Glowacki Jan	1899	Pole	G.G. 2.10.1942
36 Wisniewska Maria	1897	Pole	G.G. 4.12.1942
37 Sobieraj Teresa	1908	Pole	G.G. 23.9.1942
38 Zajac Henryk	1913	Pole	G.G. 16.9.1942
39 Kowalczyk Jan	1905	Pole	G.G. 26.9.1942
40 Maciejewska Regina	1900	Pole	G.G. 21.10.1942
41 Pawlak Stanislaw	1903	Pole	G.G. 8.11.1942
42 Chmielewski Jan	1907	Pole	G.G. 30.9.1942
43 Zalewska Halina	1912	Pole	G.G. 7.11.1942
44 Bogusz Andrzej	1902	Pole	G.G. 11.9.1942
45 Kwiatkowska Anna	1898	Pole	G.G. 18.10.1942
46 Czerwinski Jan	1896	Pole	G.G. 24.11.1942
47 Wojcik Marianna	1909	Pole	G.G. 13.10.1942
48 Nowicki Piotr	1901	Pole	G.G. 29.9.1942
49 Sikora Helena	1914	Pole	G.G. 5.11.1942
50 Tomaszewski Jan	1897	Pole	G.G. 20.10.1942
51 Lis Janina	1906	Pole	G.G. 2.12.1942
52 Jasinski Jozef	1893	Pole	G.G. 15.9.1942
53 Laskowska Maria	1911	Pole	G.G. 25.10.1942
54 Wrobel Jan	1904	Pole	G.G. 10.11.1942
55 Dabrowska Anna	1899	Pole	G.G. 1.10.1942
56 Pietrzak Jan	1908	Pole	G.G. 19.11.1942
57 Gorska Zofia	1902	Pole	G.G. 22.9.1942
58 Michalak Stefan	1910	Pole	G.G. 6.11.1942
59 Krawczyk Jadwiga	1905	Pole	G.G. 14.10.1942
60 Kozlowski Jan	1895	Pole	G.G. 28.11.1942
1 Weber Franziska	1896	Pole	G.G. 15.6.1942
2 Wocial Jozef	10.2.1909	Pole	G.G. 15.10.1942
3 Walentynowicz Olga	1909	Pole	G.G. 11.6.1942
4 Batalina Anna	20.7.1891	Pole	G.G. 11.10.1942
5 Paatsch Renata	1888	Pole	G.G. 13.4.1942
6 Ballek Anton	1911	Pole	G.G. 6.12.1928
7 Galicka Irena	1901	Pole	G.G. 10.10.1942
8 Bartosz Barbara	1902	Pole	G.G. 25.6.1942
9 Wloch Jan	1888	Pole	G.G. 2.11.1942
10 Kaminski Stefan	1898	Pole	G.G. 17.9.1942
11 Bednarek Maria	1914	Pole	G.G. 28.9.1942
12 Fakaden Jozef	1912	Pole	G.G. 7.12.1942
13 Bilan Marian	1900	Pole	G.G. 12.6.1942
14 Zygmunt Anna	1893	Pole	G.G. 7.10.1942
15 Jakubowska Anna	1888	Pole	G.G. 24.9.1942
16 Bieniek Antoni	1909	Pole	G.G. 11.9.1942
17 Barszcz Anna	1905	Pole	G.G. 4.10.1942
18 Baran Stefan	1892	Pole	G.G. 28.6.1942
19 Kaszak Maria	1898	Pole	G.G. 19.9.1942
20 Gabrysiak Karol	1895	Pole	G.G. 2.9.1942
21 Garbacz Kazimierz	1910	Pole	G.G. 6.10.1942
22 Mazur Franciszka	1904	Pole	G.G. 11.10.1942
23 Kopec Jan	1900	Pole	G.G. 27.9.1942
24 Kowalska Irena	1912	Pole	G.G. 8.10.1942
25 Fijalkowski Jan	1888	Pole	G.G. 5.7.1942
26 Olszewski Jozef	1910	Pole	G.G. 11.11.1942
27 Sobczak Marianna	1902	Pole	G.G. 4.9.1942
28 Kruszynski Jan	1894	Pole	G.G. 27.10.1942
29 Szymanski Roman	1906	Pole	G.G. 1.12.1942
30 Grabowska Zofia	1893	Pole	G.G. 20.8.1942
31 Adamska Zofia	1909	Pole	G.G. 9.11.1942
32 Baczek Anna	1906	Pole	G.G. 14.9.1942
33 Marcinkowska Helena	1904	Pole	G.G. 3.10.1942
34 Ozimek Jan	1911	Pole	G.G. 12.11.1942
35 Glowacki Jan	1899	Pole	G.G. 2.10.1942
36 Wisniewska Maria	1897	Pole	G.G. 4.12.1942
37 Sobieraj Teresa	1908	Pole	G.G. 23.9.1942
38 Zajac Henryk	1913	Pole	G.G. 16.9.1942
39 Kowalczyk Jan	1905	Pole	G.G. 26.9.1942
40 Maciejewska Regina	1900	Pole	G.G. 21.10.1942
41 Pawlak Stanislaw	1903	Pole	G.G. 8.11.1942
42 Chmielewski Jan	1907	Pole	G.G. 30.9.1942
43 Zalewska Halina	1912	Pole	G.G. 7.11.1942
44 Bogusz Andrzej	1902	Pole	G.G. 11.9.1942
45 Kwiatkowska Anna	1898	Pole	G.G. 18.10.1942
46 Czerwinski Jan	1896	Pole	G.G. 24.11.1942
47 Wojcik Marianna	1909	Pole	G.G. 13.10.1942
48 Nowicki Piotr	1901	Pole	G.G. 29.9.1942
49 Sikora Helena	1914	Pole	G.G. 5.11.1942
50 Tomaszewski Jan	1897	Pole	G.G. 20.10.1942
51 Lis Janina	1906	Pole	G.G. 2.12.1942
52 Jasinski Jozef	1893	Pole	G.G. 15.9.1942
53 Laskowska Maria	1911	Pole	G.G. 25.10.1942
54 Wrobel Jan	1904	Pole	G.G. 10.11.1942
55 Dabrowska Anna	1899	Pole	G.G. 1.10.1942
56 Pietrzak Jan	1908	Pole	G.G. 19.11.1942
57 Gorska Zofia	1902	Pole	G.G. 22.9.1942
58 Michalak Stefan	1910	Pole	G.G. 6.11.1942
59 Krawczyk Jadwiga	1905	Pole	G.G. 14.10.1942
60 Kozlowski Jan	1895	Pole	G.G. 28.11.1942
1 Weber Franziska
2 Wocial Jozef
3 Walentynowicz Olga
4 Batalina Anna
5 Paatsch Renata
6 Ballek Anton
7 Galicka Irena
8 Bartosz Barbara
9 Wloch Jan
10 Kaminski Stefan
11 Bednarek Maria
12 Fakaden Jozef
13 Bilan Marian
14 Zygmunt Anna
15 Jakubowska Anna
16 Bieniek Antoni
17 Barszcz Anna
18 Baran Stefan
19 Kaszak Maria
20 Gabrysiak Karol
21 Garbacz Kazimierz
22 Mazur Franciszka
23 Kopec Jan
24 Kowalska Irena
25 Fijalkowski Jan
26 Olszewski Jozef
27 Sobczak Marianna
28 Kruszynski Jan
29 Szymanski Roman
30 Grabowska Zofia
31 Adamska Zofia
32 Baczek Anna
33 Marcinkowska Helena
34 Ozimek Jan
35 Glowacki Jan
36 Wisniewska Maria
37 Sobieraj Teresa
38 Zajac Henryk
39 Kowalczyk Jan
40 Maciejewska Regina
41 Pawlak Stanislaw
42 Chmielewski Jan
43 Zalewska Halina
44 Bogusz Andrzej
45 Kwiatkowska Anna
46 Czerwinski Jan
47 Wojcik Marianna
48 Nowicki Piotr
49 Sikora Helena
50 Tomaszewski Jan
51 Lis Janina
52 Jasinski Jozef
53 Laskowska Maria
54 Wrobel Jan
55 Dabrowska Anna
56 Pietrzak Jan
57 Gorska Zofia
58 Michalak Stefan
59 Krawczyk Jadwiga
60 Kozlowski Jan
